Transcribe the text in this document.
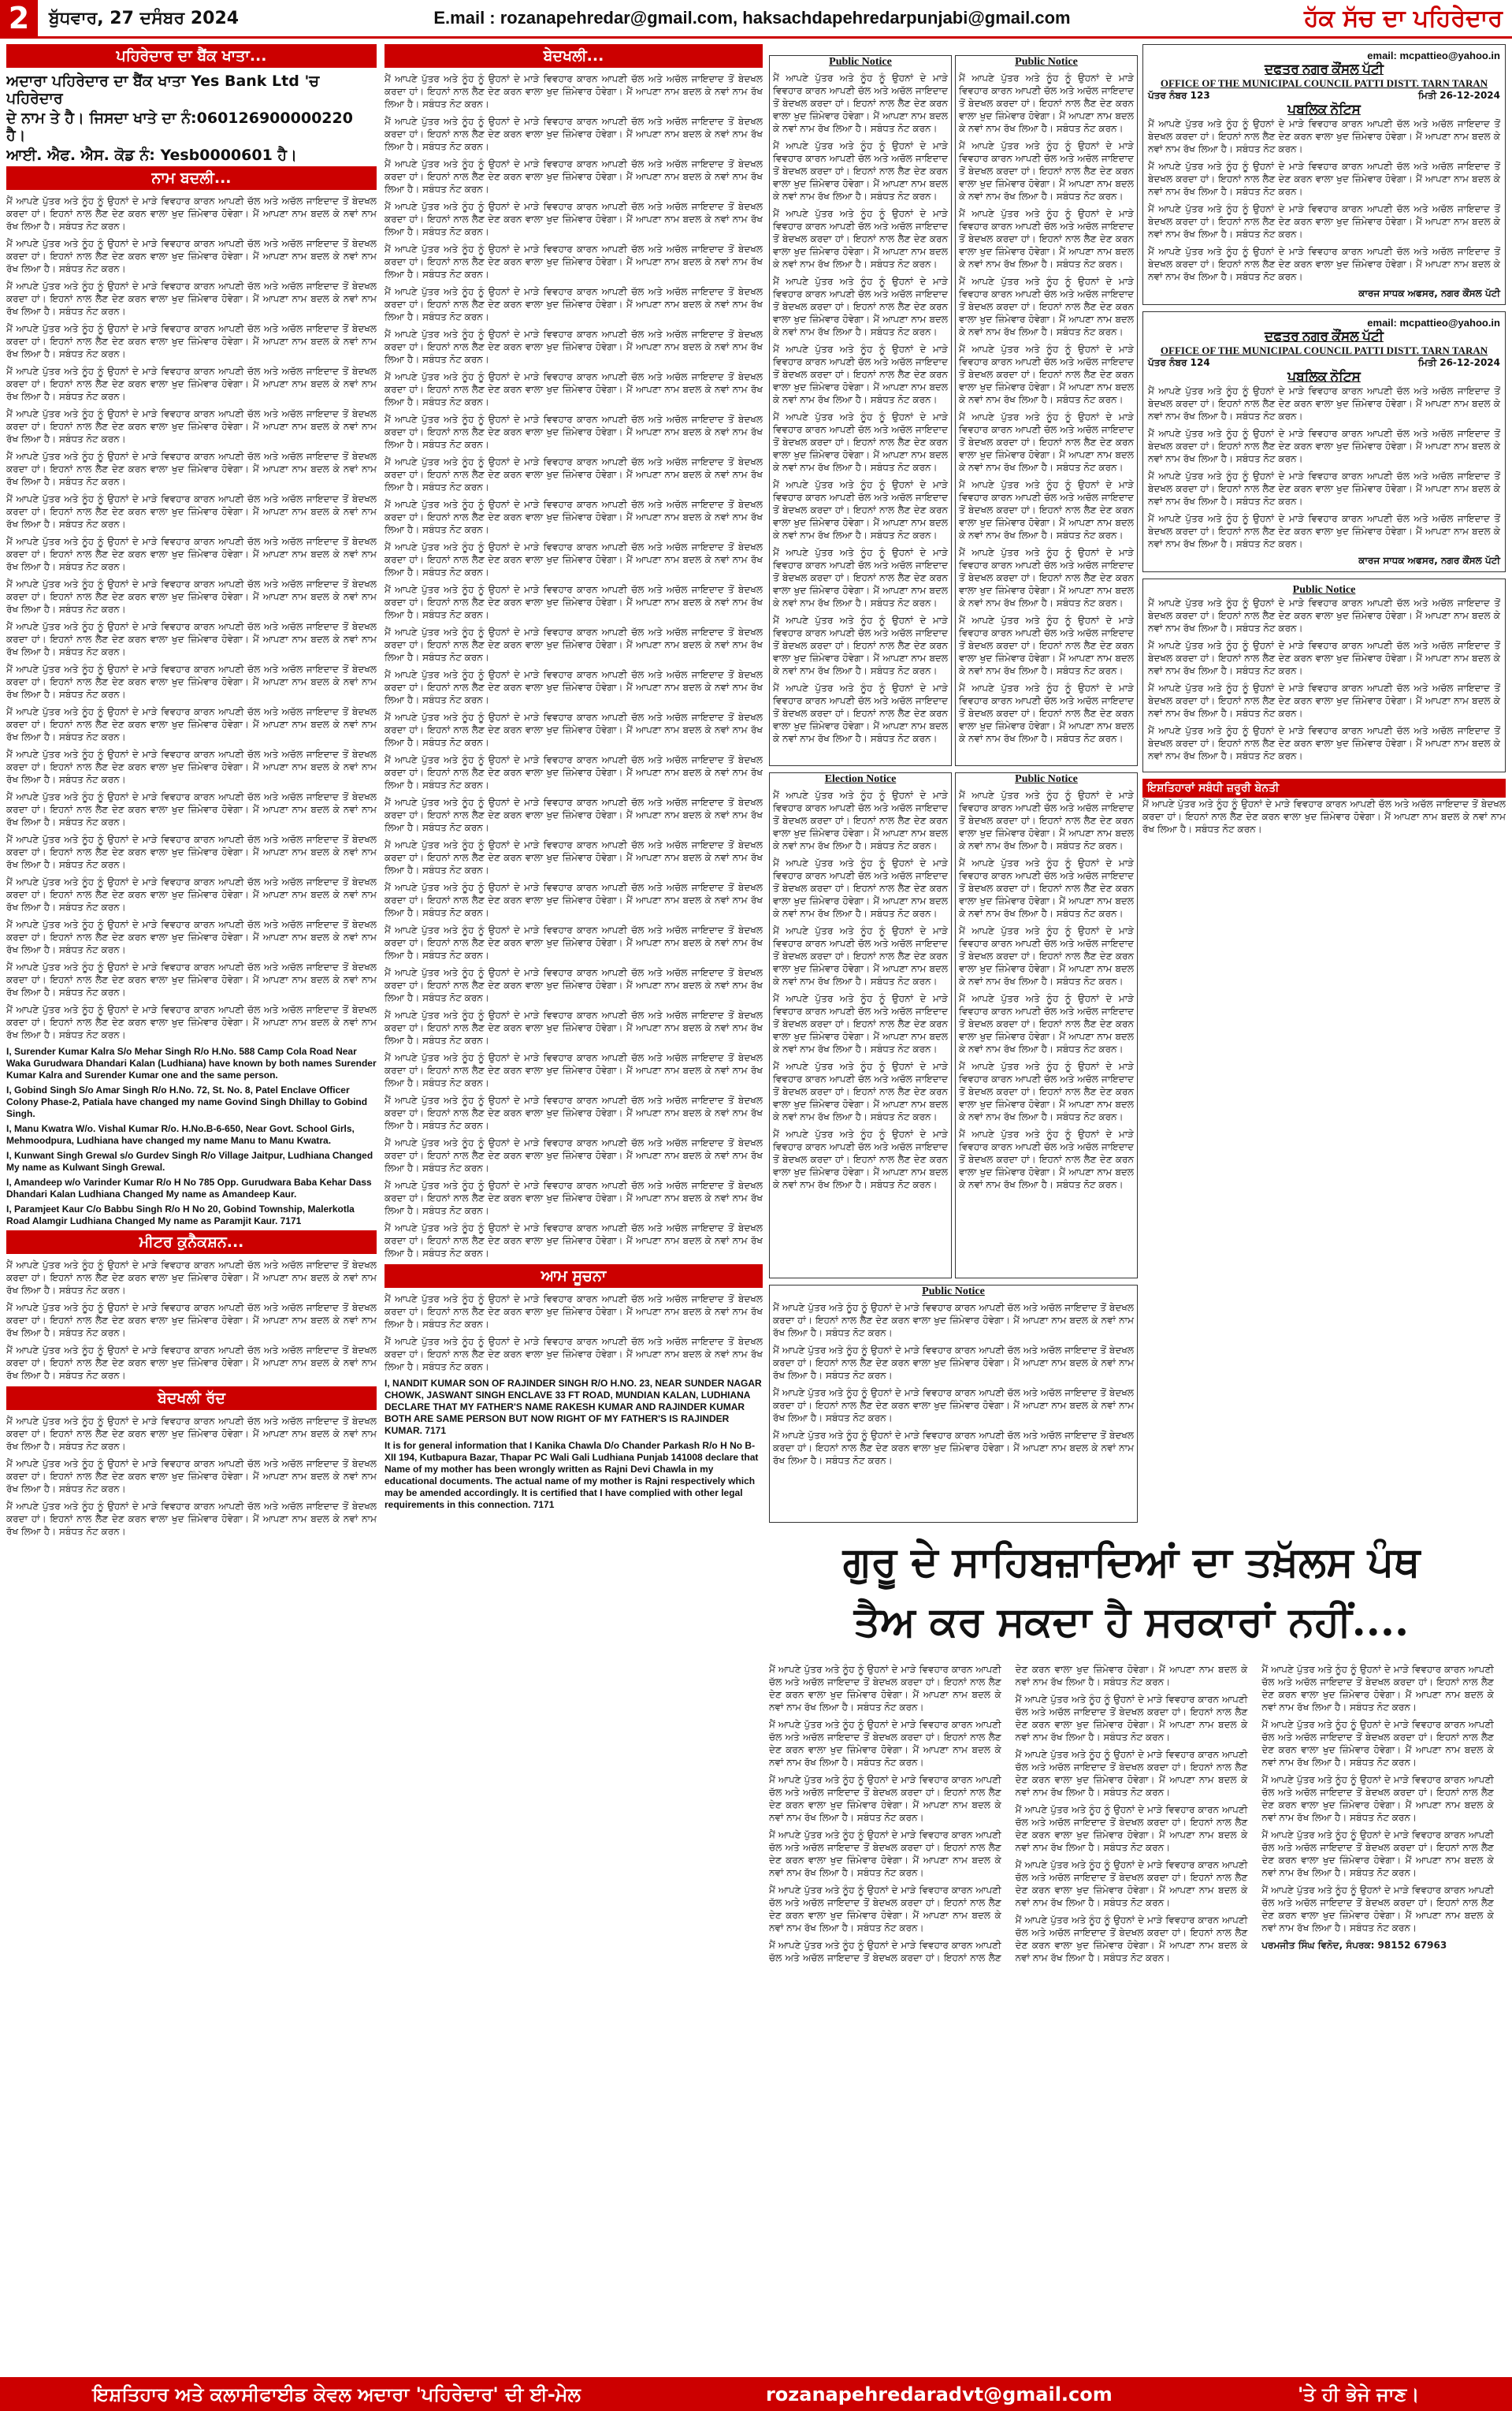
2	ਬੁੱਧਵਾਰ, 27 ਦਸੰਬਰ 2024	E.mail : rozanapehredar@gmail.com, haksachdapehredarpunjabi@gmail.com	ਹੱਕ ਸੱਚ ਦਾ ਪਹਿਰੇਦਾਰ
ਪਹਿਰੇਦਾਰ ਦਾ ਬੈਂਕ ਖਾਤਾ...

ਅਦਾਰਾ ਪਹਿਰੇਦਾਰ ਦਾ ਬੈਂਕ ਖਾਤਾ Yes Bank Ltd 'ਚ ਪਹਿਰੇਦਾਰ

ਦੇ ਨਾਮ ਤੇ ਹੈ। ਜਿਸਦਾ ਖਾਤੇ ਦਾ ਨੰ:060126900000220 ਹੈ।

ਆਈ. ਐਫ. ਐਸ. ਕੋਡ ਨੰ: Yesb0000601 ਹੈ।

ਨਾਮ ਬਦਲੀ...

ਮੈਂ ਆਪਣੇ ਪੁੱਤਰ ਅਤੇ ਨੂੰਹ ਨੂੰ ਉਹਨਾਂ ਦੇ ਮਾੜੇ ਵਿਵਹਾਰ ਕਾਰਨ ਆਪਣੀ ਚੱਲ ਅਤੇ ਅਚੱਲ ਜਾਇਦਾਦ ਤੋਂ ਬੇਦਖਲ ਕਰਦਾ ਹਾਂ। ਇਹਨਾਂ ਨਾਲ ਲੈਣ ਦੇਣ ਕਰਨ ਵਾਲਾ ਖੁਦ ਜ਼ਿੰਮੇਵਾਰ ਹੋਵੇਗਾ। ਮੈਂ ਆਪਣਾ ਨਾਮ ਬਦਲ ਕੇ ਨਵਾਂ ਨਾਮ ਰੱਖ ਲਿਆ ਹੈ। ਸਬੰਧਤ ਨੋਟ ਕਰਨ।

ਮੈਂ ਆਪਣੇ ਪੁੱਤਰ ਅਤੇ ਨੂੰਹ ਨੂੰ ਉਹਨਾਂ ਦੇ ਮਾੜੇ ਵਿਵਹਾਰ ਕਾਰਨ ਆਪਣੀ ਚੱਲ ਅਤੇ ਅਚੱਲ ਜਾਇਦਾਦ ਤੋਂ ਬੇਦਖਲ ਕਰਦਾ ਹਾਂ। ਇਹਨਾਂ ਨਾਲ ਲੈਣ ਦੇਣ ਕਰਨ ਵਾਲਾ ਖੁਦ ਜ਼ਿੰਮੇਵਾਰ ਹੋਵੇਗਾ। ਮੈਂ ਆਪਣਾ ਨਾਮ ਬਦਲ ਕੇ ਨਵਾਂ ਨਾਮ ਰੱਖ ਲਿਆ ਹੈ। ਸਬੰਧਤ ਨੋਟ ਕਰਨ।

ਮੈਂ ਆਪਣੇ ਪੁੱਤਰ ਅਤੇ ਨੂੰਹ ਨੂੰ ਉਹਨਾਂ ਦੇ ਮਾੜੇ ਵਿਵਹਾਰ ਕਾਰਨ ਆਪਣੀ ਚੱਲ ਅਤੇ ਅਚੱਲ ਜਾਇਦਾਦ ਤੋਂ ਬੇਦਖਲ ਕਰਦਾ ਹਾਂ। ਇਹਨਾਂ ਨਾਲ ਲੈਣ ਦੇਣ ਕਰਨ ਵਾਲਾ ਖੁਦ ਜ਼ਿੰਮੇਵਾਰ ਹੋਵੇਗਾ। ਮੈਂ ਆਪਣਾ ਨਾਮ ਬਦਲ ਕੇ ਨਵਾਂ ਨਾਮ ਰੱਖ ਲਿਆ ਹੈ। ਸਬੰਧਤ ਨੋਟ ਕਰਨ।

ਮੈਂ ਆਪਣੇ ਪੁੱਤਰ ਅਤੇ ਨੂੰਹ ਨੂੰ ਉਹਨਾਂ ਦੇ ਮਾੜੇ ਵਿਵਹਾਰ ਕਾਰਨ ਆਪਣੀ ਚੱਲ ਅਤੇ ਅਚੱਲ ਜਾਇਦਾਦ ਤੋਂ ਬੇਦਖਲ ਕਰਦਾ ਹਾਂ। ਇਹਨਾਂ ਨਾਲ ਲੈਣ ਦੇਣ ਕਰਨ ਵਾਲਾ ਖੁਦ ਜ਼ਿੰਮੇਵਾਰ ਹੋਵੇਗਾ। ਮੈਂ ਆਪਣਾ ਨਾਮ ਬਦਲ ਕੇ ਨਵਾਂ ਨਾਮ ਰੱਖ ਲਿਆ ਹੈ। ਸਬੰਧਤ ਨੋਟ ਕਰਨ।

ਮੈਂ ਆਪਣੇ ਪੁੱਤਰ ਅਤੇ ਨੂੰਹ ਨੂੰ ਉਹਨਾਂ ਦੇ ਮਾੜੇ ਵਿਵਹਾਰ ਕਾਰਨ ਆਪਣੀ ਚੱਲ ਅਤੇ ਅਚੱਲ ਜਾਇਦਾਦ ਤੋਂ ਬੇਦਖਲ ਕਰਦਾ ਹਾਂ। ਇਹਨਾਂ ਨਾਲ ਲੈਣ ਦੇਣ ਕਰਨ ਵਾਲਾ ਖੁਦ ਜ਼ਿੰਮੇਵਾਰ ਹੋਵੇਗਾ। ਮੈਂ ਆਪਣਾ ਨਾਮ ਬਦਲ ਕੇ ਨਵਾਂ ਨਾਮ ਰੱਖ ਲਿਆ ਹੈ। ਸਬੰਧਤ ਨੋਟ ਕਰਨ।

ਮੈਂ ਆਪਣੇ ਪੁੱਤਰ ਅਤੇ ਨੂੰਹ ਨੂੰ ਉਹਨਾਂ ਦੇ ਮਾੜੇ ਵਿਵਹਾਰ ਕਾਰਨ ਆਪਣੀ ਚੱਲ ਅਤੇ ਅਚੱਲ ਜਾਇਦਾਦ ਤੋਂ ਬੇਦਖਲ ਕਰਦਾ ਹਾਂ। ਇਹਨਾਂ ਨਾਲ ਲੈਣ ਦੇਣ ਕਰਨ ਵਾਲਾ ਖੁਦ ਜ਼ਿੰਮੇਵਾਰ ਹੋਵੇਗਾ। ਮੈਂ ਆਪਣਾ ਨਾਮ ਬਦਲ ਕੇ ਨਵਾਂ ਨਾਮ ਰੱਖ ਲਿਆ ਹੈ। ਸਬੰਧਤ ਨੋਟ ਕਰਨ।

ਮੈਂ ਆਪਣੇ ਪੁੱਤਰ ਅਤੇ ਨੂੰਹ ਨੂੰ ਉਹਨਾਂ ਦੇ ਮਾੜੇ ਵਿਵਹਾਰ ਕਾਰਨ ਆਪਣੀ ਚੱਲ ਅਤੇ ਅਚੱਲ ਜਾਇਦਾਦ ਤੋਂ ਬੇਦਖਲ ਕਰਦਾ ਹਾਂ। ਇਹਨਾਂ ਨਾਲ ਲੈਣ ਦੇਣ ਕਰਨ ਵਾਲਾ ਖੁਦ ਜ਼ਿੰਮੇਵਾਰ ਹੋਵੇਗਾ। ਮੈਂ ਆਪਣਾ ਨਾਮ ਬਦਲ ਕੇ ਨਵਾਂ ਨਾਮ ਰੱਖ ਲਿਆ ਹੈ। ਸਬੰਧਤ ਨੋਟ ਕਰਨ।

ਮੈਂ ਆਪਣੇ ਪੁੱਤਰ ਅਤੇ ਨੂੰਹ ਨੂੰ ਉਹਨਾਂ ਦੇ ਮਾੜੇ ਵਿਵਹਾਰ ਕਾਰਨ ਆਪਣੀ ਚੱਲ ਅਤੇ ਅਚੱਲ ਜਾਇਦਾਦ ਤੋਂ ਬੇਦਖਲ ਕਰਦਾ ਹਾਂ। ਇਹਨਾਂ ਨਾਲ ਲੈਣ ਦੇਣ ਕਰਨ ਵਾਲਾ ਖੁਦ ਜ਼ਿੰਮੇਵਾਰ ਹੋਵੇਗਾ। ਮੈਂ ਆਪਣਾ ਨਾਮ ਬਦਲ ਕੇ ਨਵਾਂ ਨਾਮ ਰੱਖ ਲਿਆ ਹੈ। ਸਬੰਧਤ ਨੋਟ ਕਰਨ।

ਮੈਂ ਆਪਣੇ ਪੁੱਤਰ ਅਤੇ ਨੂੰਹ ਨੂੰ ਉਹਨਾਂ ਦੇ ਮਾੜੇ ਵਿਵਹਾਰ ਕਾਰਨ ਆਪਣੀ ਚੱਲ ਅਤੇ ਅਚੱਲ ਜਾਇਦਾਦ ਤੋਂ ਬੇਦਖਲ ਕਰਦਾ ਹਾਂ। ਇਹਨਾਂ ਨਾਲ ਲੈਣ ਦੇਣ ਕਰਨ ਵਾਲਾ ਖੁਦ ਜ਼ਿੰਮੇਵਾਰ ਹੋਵੇਗਾ। ਮੈਂ ਆਪਣਾ ਨਾਮ ਬਦਲ ਕੇ ਨਵਾਂ ਨਾਮ ਰੱਖ ਲਿਆ ਹੈ। ਸਬੰਧਤ ਨੋਟ ਕਰਨ।

ਮੈਂ ਆਪਣੇ ਪੁੱਤਰ ਅਤੇ ਨੂੰਹ ਨੂੰ ਉਹਨਾਂ ਦੇ ਮਾੜੇ ਵਿਵਹਾਰ ਕਾਰਨ ਆਪਣੀ ਚੱਲ ਅਤੇ ਅਚੱਲ ਜਾਇਦਾਦ ਤੋਂ ਬੇਦਖਲ ਕਰਦਾ ਹਾਂ। ਇਹਨਾਂ ਨਾਲ ਲੈਣ ਦੇਣ ਕਰਨ ਵਾਲਾ ਖੁਦ ਜ਼ਿੰਮੇਵਾਰ ਹੋਵੇਗਾ। ਮੈਂ ਆਪਣਾ ਨਾਮ ਬਦਲ ਕੇ ਨਵਾਂ ਨਾਮ ਰੱਖ ਲਿਆ ਹੈ। ਸਬੰਧਤ ਨੋਟ ਕਰਨ।

ਮੈਂ ਆਪਣੇ ਪੁੱਤਰ ਅਤੇ ਨੂੰਹ ਨੂੰ ਉਹਨਾਂ ਦੇ ਮਾੜੇ ਵਿਵਹਾਰ ਕਾਰਨ ਆਪਣੀ ਚੱਲ ਅਤੇ ਅਚੱਲ ਜਾਇਦਾਦ ਤੋਂ ਬੇਦਖਲ ਕਰਦਾ ਹਾਂ। ਇਹਨਾਂ ਨਾਲ ਲੈਣ ਦੇਣ ਕਰਨ ਵਾਲਾ ਖੁਦ ਜ਼ਿੰਮੇਵਾਰ ਹੋਵੇਗਾ। ਮੈਂ ਆਪਣਾ ਨਾਮ ਬਦਲ ਕੇ ਨਵਾਂ ਨਾਮ ਰੱਖ ਲਿਆ ਹੈ। ਸਬੰਧਤ ਨੋਟ ਕਰਨ।

ਮੈਂ ਆਪਣੇ ਪੁੱਤਰ ਅਤੇ ਨੂੰਹ ਨੂੰ ਉਹਨਾਂ ਦੇ ਮਾੜੇ ਵਿਵਹਾਰ ਕਾਰਨ ਆਪਣੀ ਚੱਲ ਅਤੇ ਅਚੱਲ ਜਾਇਦਾਦ ਤੋਂ ਬੇਦਖਲ ਕਰਦਾ ਹਾਂ। ਇਹਨਾਂ ਨਾਲ ਲੈਣ ਦੇਣ ਕਰਨ ਵਾਲਾ ਖੁਦ ਜ਼ਿੰਮੇਵਾਰ ਹੋਵੇਗਾ। ਮੈਂ ਆਪਣਾ ਨਾਮ ਬਦਲ ਕੇ ਨਵਾਂ ਨਾਮ ਰੱਖ ਲਿਆ ਹੈ। ਸਬੰਧਤ ਨੋਟ ਕਰਨ।

ਮੈਂ ਆਪਣੇ ਪੁੱਤਰ ਅਤੇ ਨੂੰਹ ਨੂੰ ਉਹਨਾਂ ਦੇ ਮਾੜੇ ਵਿਵਹਾਰ ਕਾਰਨ ਆਪਣੀ ਚੱਲ ਅਤੇ ਅਚੱਲ ਜਾਇਦਾਦ ਤੋਂ ਬੇਦਖਲ ਕਰਦਾ ਹਾਂ। ਇਹਨਾਂ ਨਾਲ ਲੈਣ ਦੇਣ ਕਰਨ ਵਾਲਾ ਖੁਦ ਜ਼ਿੰਮੇਵਾਰ ਹੋਵੇਗਾ। ਮੈਂ ਆਪਣਾ ਨਾਮ ਬਦਲ ਕੇ ਨਵਾਂ ਨਾਮ ਰੱਖ ਲਿਆ ਹੈ। ਸਬੰਧਤ ਨੋਟ ਕਰਨ।

ਮੈਂ ਆਪਣੇ ਪੁੱਤਰ ਅਤੇ ਨੂੰਹ ਨੂੰ ਉਹਨਾਂ ਦੇ ਮਾੜੇ ਵਿਵਹਾਰ ਕਾਰਨ ਆਪਣੀ ਚੱਲ ਅਤੇ ਅਚੱਲ ਜਾਇਦਾਦ ਤੋਂ ਬੇਦਖਲ ਕਰਦਾ ਹਾਂ। ਇਹਨਾਂ ਨਾਲ ਲੈਣ ਦੇਣ ਕਰਨ ਵਾਲਾ ਖੁਦ ਜ਼ਿੰਮੇਵਾਰ ਹੋਵੇਗਾ। ਮੈਂ ਆਪਣਾ ਨਾਮ ਬਦਲ ਕੇ ਨਵਾਂ ਨਾਮ ਰੱਖ ਲਿਆ ਹੈ। ਸਬੰਧਤ ਨੋਟ ਕਰਨ।

ਮੈਂ ਆਪਣੇ ਪੁੱਤਰ ਅਤੇ ਨੂੰਹ ਨੂੰ ਉਹਨਾਂ ਦੇ ਮਾੜੇ ਵਿਵਹਾਰ ਕਾਰਨ ਆਪਣੀ ਚੱਲ ਅਤੇ ਅਚੱਲ ਜਾਇਦਾਦ ਤੋਂ ਬੇਦਖਲ ਕਰਦਾ ਹਾਂ। ਇਹਨਾਂ ਨਾਲ ਲੈਣ ਦੇਣ ਕਰਨ ਵਾਲਾ ਖੁਦ ਜ਼ਿੰਮੇਵਾਰ ਹੋਵੇਗਾ। ਮੈਂ ਆਪਣਾ ਨਾਮ ਬਦਲ ਕੇ ਨਵਾਂ ਨਾਮ ਰੱਖ ਲਿਆ ਹੈ। ਸਬੰਧਤ ਨੋਟ ਕਰਨ।

ਮੈਂ ਆਪਣੇ ਪੁੱਤਰ ਅਤੇ ਨੂੰਹ ਨੂੰ ਉਹਨਾਂ ਦੇ ਮਾੜੇ ਵਿਵਹਾਰ ਕਾਰਨ ਆਪਣੀ ਚੱਲ ਅਤੇ ਅਚੱਲ ਜਾਇਦਾਦ ਤੋਂ ਬੇਦਖਲ ਕਰਦਾ ਹਾਂ। ਇਹਨਾਂ ਨਾਲ ਲੈਣ ਦੇਣ ਕਰਨ ਵਾਲਾ ਖੁਦ ਜ਼ਿੰਮੇਵਾਰ ਹੋਵੇਗਾ। ਮੈਂ ਆਪਣਾ ਨਾਮ ਬਦਲ ਕੇ ਨਵਾਂ ਨਾਮ ਰੱਖ ਲਿਆ ਹੈ। ਸਬੰਧਤ ਨੋਟ ਕਰਨ।

ਮੈਂ ਆਪਣੇ ਪੁੱਤਰ ਅਤੇ ਨੂੰਹ ਨੂੰ ਉਹਨਾਂ ਦੇ ਮਾੜੇ ਵਿਵਹਾਰ ਕਾਰਨ ਆਪਣੀ ਚੱਲ ਅਤੇ ਅਚੱਲ ਜਾਇਦਾਦ ਤੋਂ ਬੇਦਖਲ ਕਰਦਾ ਹਾਂ। ਇਹਨਾਂ ਨਾਲ ਲੈਣ ਦੇਣ ਕਰਨ ਵਾਲਾ ਖੁਦ ਜ਼ਿੰਮੇਵਾਰ ਹੋਵੇਗਾ। ਮੈਂ ਆਪਣਾ ਨਾਮ ਬਦਲ ਕੇ ਨਵਾਂ ਨਾਮ ਰੱਖ ਲਿਆ ਹੈ। ਸਬੰਧਤ ਨੋਟ ਕਰਨ।

ਮੈਂ ਆਪਣੇ ਪੁੱਤਰ ਅਤੇ ਨੂੰਹ ਨੂੰ ਉਹਨਾਂ ਦੇ ਮਾੜੇ ਵਿਵਹਾਰ ਕਾਰਨ ਆਪਣੀ ਚੱਲ ਅਤੇ ਅਚੱਲ ਜਾਇਦਾਦ ਤੋਂ ਬੇਦਖਲ ਕਰਦਾ ਹਾਂ। ਇਹਨਾਂ ਨਾਲ ਲੈਣ ਦੇਣ ਕਰਨ ਵਾਲਾ ਖੁਦ ਜ਼ਿੰਮੇਵਾਰ ਹੋਵੇਗਾ। ਮੈਂ ਆਪਣਾ ਨਾਮ ਬਦਲ ਕੇ ਨਵਾਂ ਨਾਮ ਰੱਖ ਲਿਆ ਹੈ। ਸਬੰਧਤ ਨੋਟ ਕਰਨ।

ਮੈਂ ਆਪਣੇ ਪੁੱਤਰ ਅਤੇ ਨੂੰਹ ਨੂੰ ਉਹਨਾਂ ਦੇ ਮਾੜੇ ਵਿਵਹਾਰ ਕਾਰਨ ਆਪਣੀ ਚੱਲ ਅਤੇ ਅਚੱਲ ਜਾਇਦਾਦ ਤੋਂ ਬੇਦਖਲ ਕਰਦਾ ਹਾਂ। ਇਹਨਾਂ ਨਾਲ ਲੈਣ ਦੇਣ ਕਰਨ ਵਾਲਾ ਖੁਦ ਜ਼ਿੰਮੇਵਾਰ ਹੋਵੇਗਾ। ਮੈਂ ਆਪਣਾ ਨਾਮ ਬਦਲ ਕੇ ਨਵਾਂ ਨਾਮ ਰੱਖ ਲਿਆ ਹੈ। ਸਬੰਧਤ ਨੋਟ ਕਰਨ।

ਮੈਂ ਆਪਣੇ ਪੁੱਤਰ ਅਤੇ ਨੂੰਹ ਨੂੰ ਉਹਨਾਂ ਦੇ ਮਾੜੇ ਵਿਵਹਾਰ ਕਾਰਨ ਆਪਣੀ ਚੱਲ ਅਤੇ ਅਚੱਲ ਜਾਇਦਾਦ ਤੋਂ ਬੇਦਖਲ ਕਰਦਾ ਹਾਂ। ਇਹਨਾਂ ਨਾਲ ਲੈਣ ਦੇਣ ਕਰਨ ਵਾਲਾ ਖੁਦ ਜ਼ਿੰਮੇਵਾਰ ਹੋਵੇਗਾ। ਮੈਂ ਆਪਣਾ ਨਾਮ ਬਦਲ ਕੇ ਨਵਾਂ ਨਾਮ ਰੱਖ ਲਿਆ ਹੈ। ਸਬੰਧਤ ਨੋਟ ਕਰਨ।

I, Surender Kumar Kalra S/o Mehar Singh R/o H.No. 588 Camp Cola Road Near Waka Gurudwara Dhandari Kalan (Ludhiana) have known by both names Surender Kumar Kalra and Surender Kumar one and the same person.
I, Gobind Singh S/o Amar Singh R/o H.No. 72, St. No. 8, Patel Enclave Officer Colony Phase-2, Patiala have changed my name Govind Singh Dhillay to Gobind Singh.
I, Manu Kwatra W/o. Vishal Kumar R/o. H.No.B-6-650, Near Govt. School Girls, Mehmoodpura, Ludhiana have changed my name Manu to Manu Kwatra.
I, Kunwant Singh Grewal s/o Gurdev Singh R/o Village Jaitpur, Ludhiana Changed My name as Kulwant Singh Grewal.
I, Amandeep w/o Varinder Kumar R/o H No 785 Opp. Gurudwara Baba Kehar Dass Dhandari Kalan Ludhiana Changed My name as Amandeep Kaur.
I, Paramjeet Kaur C/o Babbu Singh R/o H No 20, Gobind Township, Malerkotla Road Alamgir Ludhiana Changed My name as Paramjit Kaur. 7171
ਮੀਟਰ ਕੁਨੈਕਸ਼ਨ...

ਮੈਂ ਆਪਣੇ ਪੁੱਤਰ ਅਤੇ ਨੂੰਹ ਨੂੰ ਉਹਨਾਂ ਦੇ ਮਾੜੇ ਵਿਵਹਾਰ ਕਾਰਨ ਆਪਣੀ ਚੱਲ ਅਤੇ ਅਚੱਲ ਜਾਇਦਾਦ ਤੋਂ ਬੇਦਖਲ ਕਰਦਾ ਹਾਂ। ਇਹਨਾਂ ਨਾਲ ਲੈਣ ਦੇਣ ਕਰਨ ਵਾਲਾ ਖੁਦ ਜ਼ਿੰਮੇਵਾਰ ਹੋਵੇਗਾ। ਮੈਂ ਆਪਣਾ ਨਾਮ ਬਦਲ ਕੇ ਨਵਾਂ ਨਾਮ ਰੱਖ ਲਿਆ ਹੈ। ਸਬੰਧਤ ਨੋਟ ਕਰਨ।

ਮੈਂ ਆਪਣੇ ਪੁੱਤਰ ਅਤੇ ਨੂੰਹ ਨੂੰ ਉਹਨਾਂ ਦੇ ਮਾੜੇ ਵਿਵਹਾਰ ਕਾਰਨ ਆਪਣੀ ਚੱਲ ਅਤੇ ਅਚੱਲ ਜਾਇਦਾਦ ਤੋਂ ਬੇਦਖਲ ਕਰਦਾ ਹਾਂ। ਇਹਨਾਂ ਨਾਲ ਲੈਣ ਦੇਣ ਕਰਨ ਵਾਲਾ ਖੁਦ ਜ਼ਿੰਮੇਵਾਰ ਹੋਵੇਗਾ। ਮੈਂ ਆਪਣਾ ਨਾਮ ਬਦਲ ਕੇ ਨਵਾਂ ਨਾਮ ਰੱਖ ਲਿਆ ਹੈ। ਸਬੰਧਤ ਨੋਟ ਕਰਨ।

ਮੈਂ ਆਪਣੇ ਪੁੱਤਰ ਅਤੇ ਨੂੰਹ ਨੂੰ ਉਹਨਾਂ ਦੇ ਮਾੜੇ ਵਿਵਹਾਰ ਕਾਰਨ ਆਪਣੀ ਚੱਲ ਅਤੇ ਅਚੱਲ ਜਾਇਦਾਦ ਤੋਂ ਬੇਦਖਲ ਕਰਦਾ ਹਾਂ। ਇਹਨਾਂ ਨਾਲ ਲੈਣ ਦੇਣ ਕਰਨ ਵਾਲਾ ਖੁਦ ਜ਼ਿੰਮੇਵਾਰ ਹੋਵੇਗਾ। ਮੈਂ ਆਪਣਾ ਨਾਮ ਬਦਲ ਕੇ ਨਵਾਂ ਨਾਮ ਰੱਖ ਲਿਆ ਹੈ। ਸਬੰਧਤ ਨੋਟ ਕਰਨ।

ਬੇਦਖਲੀ ਰੱਦ

ਮੈਂ ਆਪਣੇ ਪੁੱਤਰ ਅਤੇ ਨੂੰਹ ਨੂੰ ਉਹਨਾਂ ਦੇ ਮਾੜੇ ਵਿਵਹਾਰ ਕਾਰਨ ਆਪਣੀ ਚੱਲ ਅਤੇ ਅਚੱਲ ਜਾਇਦਾਦ ਤੋਂ ਬੇਦਖਲ ਕਰਦਾ ਹਾਂ। ਇਹਨਾਂ ਨਾਲ ਲੈਣ ਦੇਣ ਕਰਨ ਵਾਲਾ ਖੁਦ ਜ਼ਿੰਮੇਵਾਰ ਹੋਵੇਗਾ। ਮੈਂ ਆਪਣਾ ਨਾਮ ਬਦਲ ਕੇ ਨਵਾਂ ਨਾਮ ਰੱਖ ਲਿਆ ਹੈ। ਸਬੰਧਤ ਨੋਟ ਕਰਨ।

ਮੈਂ ਆਪਣੇ ਪੁੱਤਰ ਅਤੇ ਨੂੰਹ ਨੂੰ ਉਹਨਾਂ ਦੇ ਮਾੜੇ ਵਿਵਹਾਰ ਕਾਰਨ ਆਪਣੀ ਚੱਲ ਅਤੇ ਅਚੱਲ ਜਾਇਦਾਦ ਤੋਂ ਬੇਦਖਲ ਕਰਦਾ ਹਾਂ। ਇਹਨਾਂ ਨਾਲ ਲੈਣ ਦੇਣ ਕਰਨ ਵਾਲਾ ਖੁਦ ਜ਼ਿੰਮੇਵਾਰ ਹੋਵੇਗਾ। ਮੈਂ ਆਪਣਾ ਨਾਮ ਬਦਲ ਕੇ ਨਵਾਂ ਨਾਮ ਰੱਖ ਲਿਆ ਹੈ। ਸਬੰਧਤ ਨੋਟ ਕਰਨ।

ਮੈਂ ਆਪਣੇ ਪੁੱਤਰ ਅਤੇ ਨੂੰਹ ਨੂੰ ਉਹਨਾਂ ਦੇ ਮਾੜੇ ਵਿਵਹਾਰ ਕਾਰਨ ਆਪਣੀ ਚੱਲ ਅਤੇ ਅਚੱਲ ਜਾਇਦਾਦ ਤੋਂ ਬੇਦਖਲ ਕਰਦਾ ਹਾਂ। ਇਹਨਾਂ ਨਾਲ ਲੈਣ ਦੇਣ ਕਰਨ ਵਾਲਾ ਖੁਦ ਜ਼ਿੰਮੇਵਾਰ ਹੋਵੇਗਾ। ਮੈਂ ਆਪਣਾ ਨਾਮ ਬਦਲ ਕੇ ਨਵਾਂ ਨਾਮ ਰੱਖ ਲਿਆ ਹੈ। ਸਬੰਧਤ ਨੋਟ ਕਰਨ।

ਬੇਦਖਲੀ...

ਮੈਂ ਆਪਣੇ ਪੁੱਤਰ ਅਤੇ ਨੂੰਹ ਨੂੰ ਉਹਨਾਂ ਦੇ ਮਾੜੇ ਵਿਵਹਾਰ ਕਾਰਨ ਆਪਣੀ ਚੱਲ ਅਤੇ ਅਚੱਲ ਜਾਇਦਾਦ ਤੋਂ ਬੇਦਖਲ ਕਰਦਾ ਹਾਂ। ਇਹਨਾਂ ਨਾਲ ਲੈਣ ਦੇਣ ਕਰਨ ਵਾਲਾ ਖੁਦ ਜ਼ਿੰਮੇਵਾਰ ਹੋਵੇਗਾ। ਮੈਂ ਆਪਣਾ ਨਾਮ ਬਦਲ ਕੇ ਨਵਾਂ ਨਾਮ ਰੱਖ ਲਿਆ ਹੈ। ਸਬੰਧਤ ਨੋਟ ਕਰਨ।

ਮੈਂ ਆਪਣੇ ਪੁੱਤਰ ਅਤੇ ਨੂੰਹ ਨੂੰ ਉਹਨਾਂ ਦੇ ਮਾੜੇ ਵਿਵਹਾਰ ਕਾਰਨ ਆਪਣੀ ਚੱਲ ਅਤੇ ਅਚੱਲ ਜਾਇਦਾਦ ਤੋਂ ਬੇਦਖਲ ਕਰਦਾ ਹਾਂ। ਇਹਨਾਂ ਨਾਲ ਲੈਣ ਦੇਣ ਕਰਨ ਵਾਲਾ ਖੁਦ ਜ਼ਿੰਮੇਵਾਰ ਹੋਵੇਗਾ। ਮੈਂ ਆਪਣਾ ਨਾਮ ਬਦਲ ਕੇ ਨਵਾਂ ਨਾਮ ਰੱਖ ਲਿਆ ਹੈ। ਸਬੰਧਤ ਨੋਟ ਕਰਨ।

ਮੈਂ ਆਪਣੇ ਪੁੱਤਰ ਅਤੇ ਨੂੰਹ ਨੂੰ ਉਹਨਾਂ ਦੇ ਮਾੜੇ ਵਿਵਹਾਰ ਕਾਰਨ ਆਪਣੀ ਚੱਲ ਅਤੇ ਅਚੱਲ ਜਾਇਦਾਦ ਤੋਂ ਬੇਦਖਲ ਕਰਦਾ ਹਾਂ। ਇਹਨਾਂ ਨਾਲ ਲੈਣ ਦੇਣ ਕਰਨ ਵਾਲਾ ਖੁਦ ਜ਼ਿੰਮੇਵਾਰ ਹੋਵੇਗਾ। ਮੈਂ ਆਪਣਾ ਨਾਮ ਬਦਲ ਕੇ ਨਵਾਂ ਨਾਮ ਰੱਖ ਲਿਆ ਹੈ। ਸਬੰਧਤ ਨੋਟ ਕਰਨ।

ਮੈਂ ਆਪਣੇ ਪੁੱਤਰ ਅਤੇ ਨੂੰਹ ਨੂੰ ਉਹਨਾਂ ਦੇ ਮਾੜੇ ਵਿਵਹਾਰ ਕਾਰਨ ਆਪਣੀ ਚੱਲ ਅਤੇ ਅਚੱਲ ਜਾਇਦਾਦ ਤੋਂ ਬੇਦਖਲ ਕਰਦਾ ਹਾਂ। ਇਹਨਾਂ ਨਾਲ ਲੈਣ ਦੇਣ ਕਰਨ ਵਾਲਾ ਖੁਦ ਜ਼ਿੰਮੇਵਾਰ ਹੋਵੇਗਾ। ਮੈਂ ਆਪਣਾ ਨਾਮ ਬਦਲ ਕੇ ਨਵਾਂ ਨਾਮ ਰੱਖ ਲਿਆ ਹੈ। ਸਬੰਧਤ ਨੋਟ ਕਰਨ।

ਮੈਂ ਆਪਣੇ ਪੁੱਤਰ ਅਤੇ ਨੂੰਹ ਨੂੰ ਉਹਨਾਂ ਦੇ ਮਾੜੇ ਵਿਵਹਾਰ ਕਾਰਨ ਆਪਣੀ ਚੱਲ ਅਤੇ ਅਚੱਲ ਜਾਇਦਾਦ ਤੋਂ ਬੇਦਖਲ ਕਰਦਾ ਹਾਂ। ਇਹਨਾਂ ਨਾਲ ਲੈਣ ਦੇਣ ਕਰਨ ਵਾਲਾ ਖੁਦ ਜ਼ਿੰਮੇਵਾਰ ਹੋਵੇਗਾ। ਮੈਂ ਆਪਣਾ ਨਾਮ ਬਦਲ ਕੇ ਨਵਾਂ ਨਾਮ ਰੱਖ ਲਿਆ ਹੈ। ਸਬੰਧਤ ਨੋਟ ਕਰਨ।

ਮੈਂ ਆਪਣੇ ਪੁੱਤਰ ਅਤੇ ਨੂੰਹ ਨੂੰ ਉਹਨਾਂ ਦੇ ਮਾੜੇ ਵਿਵਹਾਰ ਕਾਰਨ ਆਪਣੀ ਚੱਲ ਅਤੇ ਅਚੱਲ ਜਾਇਦਾਦ ਤੋਂ ਬੇਦਖਲ ਕਰਦਾ ਹਾਂ। ਇਹਨਾਂ ਨਾਲ ਲੈਣ ਦੇਣ ਕਰਨ ਵਾਲਾ ਖੁਦ ਜ਼ਿੰਮੇਵਾਰ ਹੋਵੇਗਾ। ਮੈਂ ਆਪਣਾ ਨਾਮ ਬਦਲ ਕੇ ਨਵਾਂ ਨਾਮ ਰੱਖ ਲਿਆ ਹੈ। ਸਬੰਧਤ ਨੋਟ ਕਰਨ।

ਮੈਂ ਆਪਣੇ ਪੁੱਤਰ ਅਤੇ ਨੂੰਹ ਨੂੰ ਉਹਨਾਂ ਦੇ ਮਾੜੇ ਵਿਵਹਾਰ ਕਾਰਨ ਆਪਣੀ ਚੱਲ ਅਤੇ ਅਚੱਲ ਜਾਇਦਾਦ ਤੋਂ ਬੇਦਖਲ ਕਰਦਾ ਹਾਂ। ਇਹਨਾਂ ਨਾਲ ਲੈਣ ਦੇਣ ਕਰਨ ਵਾਲਾ ਖੁਦ ਜ਼ਿੰਮੇਵਾਰ ਹੋਵੇਗਾ। ਮੈਂ ਆਪਣਾ ਨਾਮ ਬਦਲ ਕੇ ਨਵਾਂ ਨਾਮ ਰੱਖ ਲਿਆ ਹੈ। ਸਬੰਧਤ ਨੋਟ ਕਰਨ।

ਮੈਂ ਆਪਣੇ ਪੁੱਤਰ ਅਤੇ ਨੂੰਹ ਨੂੰ ਉਹਨਾਂ ਦੇ ਮਾੜੇ ਵਿਵਹਾਰ ਕਾਰਨ ਆਪਣੀ ਚੱਲ ਅਤੇ ਅਚੱਲ ਜਾਇਦਾਦ ਤੋਂ ਬੇਦਖਲ ਕਰਦਾ ਹਾਂ। ਇਹਨਾਂ ਨਾਲ ਲੈਣ ਦੇਣ ਕਰਨ ਵਾਲਾ ਖੁਦ ਜ਼ਿੰਮੇਵਾਰ ਹੋਵੇਗਾ। ਮੈਂ ਆਪਣਾ ਨਾਮ ਬਦਲ ਕੇ ਨਵਾਂ ਨਾਮ ਰੱਖ ਲਿਆ ਹੈ। ਸਬੰਧਤ ਨੋਟ ਕਰਨ।

ਮੈਂ ਆਪਣੇ ਪੁੱਤਰ ਅਤੇ ਨੂੰਹ ਨੂੰ ਉਹਨਾਂ ਦੇ ਮਾੜੇ ਵਿਵਹਾਰ ਕਾਰਨ ਆਪਣੀ ਚੱਲ ਅਤੇ ਅਚੱਲ ਜਾਇਦਾਦ ਤੋਂ ਬੇਦਖਲ ਕਰਦਾ ਹਾਂ। ਇਹਨਾਂ ਨਾਲ ਲੈਣ ਦੇਣ ਕਰਨ ਵਾਲਾ ਖੁਦ ਜ਼ਿੰਮੇਵਾਰ ਹੋਵੇਗਾ। ਮੈਂ ਆਪਣਾ ਨਾਮ ਬਦਲ ਕੇ ਨਵਾਂ ਨਾਮ ਰੱਖ ਲਿਆ ਹੈ। ਸਬੰਧਤ ਨੋਟ ਕਰਨ।

ਮੈਂ ਆਪਣੇ ਪੁੱਤਰ ਅਤੇ ਨੂੰਹ ਨੂੰ ਉਹਨਾਂ ਦੇ ਮਾੜੇ ਵਿਵਹਾਰ ਕਾਰਨ ਆਪਣੀ ਚੱਲ ਅਤੇ ਅਚੱਲ ਜਾਇਦਾਦ ਤੋਂ ਬੇਦਖਲ ਕਰਦਾ ਹਾਂ। ਇਹਨਾਂ ਨਾਲ ਲੈਣ ਦੇਣ ਕਰਨ ਵਾਲਾ ਖੁਦ ਜ਼ਿੰਮੇਵਾਰ ਹੋਵੇਗਾ। ਮੈਂ ਆਪਣਾ ਨਾਮ ਬਦਲ ਕੇ ਨਵਾਂ ਨਾਮ ਰੱਖ ਲਿਆ ਹੈ। ਸਬੰਧਤ ਨੋਟ ਕਰਨ।

ਮੈਂ ਆਪਣੇ ਪੁੱਤਰ ਅਤੇ ਨੂੰਹ ਨੂੰ ਉਹਨਾਂ ਦੇ ਮਾੜੇ ਵਿਵਹਾਰ ਕਾਰਨ ਆਪਣੀ ਚੱਲ ਅਤੇ ਅਚੱਲ ਜਾਇਦਾਦ ਤੋਂ ਬੇਦਖਲ ਕਰਦਾ ਹਾਂ। ਇਹਨਾਂ ਨਾਲ ਲੈਣ ਦੇਣ ਕਰਨ ਵਾਲਾ ਖੁਦ ਜ਼ਿੰਮੇਵਾਰ ਹੋਵੇਗਾ। ਮੈਂ ਆਪਣਾ ਨਾਮ ਬਦਲ ਕੇ ਨਵਾਂ ਨਾਮ ਰੱਖ ਲਿਆ ਹੈ। ਸਬੰਧਤ ਨੋਟ ਕਰਨ।

ਮੈਂ ਆਪਣੇ ਪੁੱਤਰ ਅਤੇ ਨੂੰਹ ਨੂੰ ਉਹਨਾਂ ਦੇ ਮਾੜੇ ਵਿਵਹਾਰ ਕਾਰਨ ਆਪਣੀ ਚੱਲ ਅਤੇ ਅਚੱਲ ਜਾਇਦਾਦ ਤੋਂ ਬੇਦਖਲ ਕਰਦਾ ਹਾਂ। ਇਹਨਾਂ ਨਾਲ ਲੈਣ ਦੇਣ ਕਰਨ ਵਾਲਾ ਖੁਦ ਜ਼ਿੰਮੇਵਾਰ ਹੋਵੇਗਾ। ਮੈਂ ਆਪਣਾ ਨਾਮ ਬਦਲ ਕੇ ਨਵਾਂ ਨਾਮ ਰੱਖ ਲਿਆ ਹੈ। ਸਬੰਧਤ ਨੋਟ ਕਰਨ।

ਮੈਂ ਆਪਣੇ ਪੁੱਤਰ ਅਤੇ ਨੂੰਹ ਨੂੰ ਉਹਨਾਂ ਦੇ ਮਾੜੇ ਵਿਵਹਾਰ ਕਾਰਨ ਆਪਣੀ ਚੱਲ ਅਤੇ ਅਚੱਲ ਜਾਇਦਾਦ ਤੋਂ ਬੇਦਖਲ ਕਰਦਾ ਹਾਂ। ਇਹਨਾਂ ਨਾਲ ਲੈਣ ਦੇਣ ਕਰਨ ਵਾਲਾ ਖੁਦ ਜ਼ਿੰਮੇਵਾਰ ਹੋਵੇਗਾ। ਮੈਂ ਆਪਣਾ ਨਾਮ ਬਦਲ ਕੇ ਨਵਾਂ ਨਾਮ ਰੱਖ ਲਿਆ ਹੈ। ਸਬੰਧਤ ਨੋਟ ਕਰਨ।

ਮੈਂ ਆਪਣੇ ਪੁੱਤਰ ਅਤੇ ਨੂੰਹ ਨੂੰ ਉਹਨਾਂ ਦੇ ਮਾੜੇ ਵਿਵਹਾਰ ਕਾਰਨ ਆਪਣੀ ਚੱਲ ਅਤੇ ਅਚੱਲ ਜਾਇਦਾਦ ਤੋਂ ਬੇਦਖਲ ਕਰਦਾ ਹਾਂ। ਇਹਨਾਂ ਨਾਲ ਲੈਣ ਦੇਣ ਕਰਨ ਵਾਲਾ ਖੁਦ ਜ਼ਿੰਮੇਵਾਰ ਹੋਵੇਗਾ। ਮੈਂ ਆਪਣਾ ਨਾਮ ਬਦਲ ਕੇ ਨਵਾਂ ਨਾਮ ਰੱਖ ਲਿਆ ਹੈ। ਸਬੰਧਤ ਨੋਟ ਕਰਨ।

ਮੈਂ ਆਪਣੇ ਪੁੱਤਰ ਅਤੇ ਨੂੰਹ ਨੂੰ ਉਹਨਾਂ ਦੇ ਮਾੜੇ ਵਿਵਹਾਰ ਕਾਰਨ ਆਪਣੀ ਚੱਲ ਅਤੇ ਅਚੱਲ ਜਾਇਦਾਦ ਤੋਂ ਬੇਦਖਲ ਕਰਦਾ ਹਾਂ। ਇਹਨਾਂ ਨਾਲ ਲੈਣ ਦੇਣ ਕਰਨ ਵਾਲਾ ਖੁਦ ਜ਼ਿੰਮੇਵਾਰ ਹੋਵੇਗਾ। ਮੈਂ ਆਪਣਾ ਨਾਮ ਬਦਲ ਕੇ ਨਵਾਂ ਨਾਮ ਰੱਖ ਲਿਆ ਹੈ। ਸਬੰਧਤ ਨੋਟ ਕਰਨ।

ਮੈਂ ਆਪਣੇ ਪੁੱਤਰ ਅਤੇ ਨੂੰਹ ਨੂੰ ਉਹਨਾਂ ਦੇ ਮਾੜੇ ਵਿਵਹਾਰ ਕਾਰਨ ਆਪਣੀ ਚੱਲ ਅਤੇ ਅਚੱਲ ਜਾਇਦਾਦ ਤੋਂ ਬੇਦਖਲ ਕਰਦਾ ਹਾਂ। ਇਹਨਾਂ ਨਾਲ ਲੈਣ ਦੇਣ ਕਰਨ ਵਾਲਾ ਖੁਦ ਜ਼ਿੰਮੇਵਾਰ ਹੋਵੇਗਾ। ਮੈਂ ਆਪਣਾ ਨਾਮ ਬਦਲ ਕੇ ਨਵਾਂ ਨਾਮ ਰੱਖ ਲਿਆ ਹੈ। ਸਬੰਧਤ ਨੋਟ ਕਰਨ।

ਮੈਂ ਆਪਣੇ ਪੁੱਤਰ ਅਤੇ ਨੂੰਹ ਨੂੰ ਉਹਨਾਂ ਦੇ ਮਾੜੇ ਵਿਵਹਾਰ ਕਾਰਨ ਆਪਣੀ ਚੱਲ ਅਤੇ ਅਚੱਲ ਜਾਇਦਾਦ ਤੋਂ ਬੇਦਖਲ ਕਰਦਾ ਹਾਂ। ਇਹਨਾਂ ਨਾਲ ਲੈਣ ਦੇਣ ਕਰਨ ਵਾਲਾ ਖੁਦ ਜ਼ਿੰਮੇਵਾਰ ਹੋਵੇਗਾ। ਮੈਂ ਆਪਣਾ ਨਾਮ ਬਦਲ ਕੇ ਨਵਾਂ ਨਾਮ ਰੱਖ ਲਿਆ ਹੈ। ਸਬੰਧਤ ਨੋਟ ਕਰਨ।

ਮੈਂ ਆਪਣੇ ਪੁੱਤਰ ਅਤੇ ਨੂੰਹ ਨੂੰ ਉਹਨਾਂ ਦੇ ਮਾੜੇ ਵਿਵਹਾਰ ਕਾਰਨ ਆਪਣੀ ਚੱਲ ਅਤੇ ਅਚੱਲ ਜਾਇਦਾਦ ਤੋਂ ਬੇਦਖਲ ਕਰਦਾ ਹਾਂ। ਇਹਨਾਂ ਨਾਲ ਲੈਣ ਦੇਣ ਕਰਨ ਵਾਲਾ ਖੁਦ ਜ਼ਿੰਮੇਵਾਰ ਹੋਵੇਗਾ। ਮੈਂ ਆਪਣਾ ਨਾਮ ਬਦਲ ਕੇ ਨਵਾਂ ਨਾਮ ਰੱਖ ਲਿਆ ਹੈ। ਸਬੰਧਤ ਨੋਟ ਕਰਨ।

ਮੈਂ ਆਪਣੇ ਪੁੱਤਰ ਅਤੇ ਨੂੰਹ ਨੂੰ ਉਹਨਾਂ ਦੇ ਮਾੜੇ ਵਿਵਹਾਰ ਕਾਰਨ ਆਪਣੀ ਚੱਲ ਅਤੇ ਅਚੱਲ ਜਾਇਦਾਦ ਤੋਂ ਬੇਦਖਲ ਕਰਦਾ ਹਾਂ। ਇਹਨਾਂ ਨਾਲ ਲੈਣ ਦੇਣ ਕਰਨ ਵਾਲਾ ਖੁਦ ਜ਼ਿੰਮੇਵਾਰ ਹੋਵੇਗਾ। ਮੈਂ ਆਪਣਾ ਨਾਮ ਬਦਲ ਕੇ ਨਵਾਂ ਨਾਮ ਰੱਖ ਲਿਆ ਹੈ। ਸਬੰਧਤ ਨੋਟ ਕਰਨ।

ਮੈਂ ਆਪਣੇ ਪੁੱਤਰ ਅਤੇ ਨੂੰਹ ਨੂੰ ਉਹਨਾਂ ਦੇ ਮਾੜੇ ਵਿਵਹਾਰ ਕਾਰਨ ਆਪਣੀ ਚੱਲ ਅਤੇ ਅਚੱਲ ਜਾਇਦਾਦ ਤੋਂ ਬੇਦਖਲ ਕਰਦਾ ਹਾਂ। ਇਹਨਾਂ ਨਾਲ ਲੈਣ ਦੇਣ ਕਰਨ ਵਾਲਾ ਖੁਦ ਜ਼ਿੰਮੇਵਾਰ ਹੋਵੇਗਾ। ਮੈਂ ਆਪਣਾ ਨਾਮ ਬਦਲ ਕੇ ਨਵਾਂ ਨਾਮ ਰੱਖ ਲਿਆ ਹੈ। ਸਬੰਧਤ ਨੋਟ ਕਰਨ।

ਮੈਂ ਆਪਣੇ ਪੁੱਤਰ ਅਤੇ ਨੂੰਹ ਨੂੰ ਉਹਨਾਂ ਦੇ ਮਾੜੇ ਵਿਵਹਾਰ ਕਾਰਨ ਆਪਣੀ ਚੱਲ ਅਤੇ ਅਚੱਲ ਜਾਇਦਾਦ ਤੋਂ ਬੇਦਖਲ ਕਰਦਾ ਹਾਂ। ਇਹਨਾਂ ਨਾਲ ਲੈਣ ਦੇਣ ਕਰਨ ਵਾਲਾ ਖੁਦ ਜ਼ਿੰਮੇਵਾਰ ਹੋਵੇਗਾ। ਮੈਂ ਆਪਣਾ ਨਾਮ ਬਦਲ ਕੇ ਨਵਾਂ ਨਾਮ ਰੱਖ ਲਿਆ ਹੈ। ਸਬੰਧਤ ਨੋਟ ਕਰਨ।

ਮੈਂ ਆਪਣੇ ਪੁੱਤਰ ਅਤੇ ਨੂੰਹ ਨੂੰ ਉਹਨਾਂ ਦੇ ਮਾੜੇ ਵਿਵਹਾਰ ਕਾਰਨ ਆਪਣੀ ਚੱਲ ਅਤੇ ਅਚੱਲ ਜਾਇਦਾਦ ਤੋਂ ਬੇਦਖਲ ਕਰਦਾ ਹਾਂ। ਇਹਨਾਂ ਨਾਲ ਲੈਣ ਦੇਣ ਕਰਨ ਵਾਲਾ ਖੁਦ ਜ਼ਿੰਮੇਵਾਰ ਹੋਵੇਗਾ। ਮੈਂ ਆਪਣਾ ਨਾਮ ਬਦਲ ਕੇ ਨਵਾਂ ਨਾਮ ਰੱਖ ਲਿਆ ਹੈ। ਸਬੰਧਤ ਨੋਟ ਕਰਨ।

ਮੈਂ ਆਪਣੇ ਪੁੱਤਰ ਅਤੇ ਨੂੰਹ ਨੂੰ ਉਹਨਾਂ ਦੇ ਮਾੜੇ ਵਿਵਹਾਰ ਕਾਰਨ ਆਪਣੀ ਚੱਲ ਅਤੇ ਅਚੱਲ ਜਾਇਦਾਦ ਤੋਂ ਬੇਦਖਲ ਕਰਦਾ ਹਾਂ। ਇਹਨਾਂ ਨਾਲ ਲੈਣ ਦੇਣ ਕਰਨ ਵਾਲਾ ਖੁਦ ਜ਼ਿੰਮੇਵਾਰ ਹੋਵੇਗਾ। ਮੈਂ ਆਪਣਾ ਨਾਮ ਬਦਲ ਕੇ ਨਵਾਂ ਨਾਮ ਰੱਖ ਲਿਆ ਹੈ। ਸਬੰਧਤ ਨੋਟ ਕਰਨ।

ਮੈਂ ਆਪਣੇ ਪੁੱਤਰ ਅਤੇ ਨੂੰਹ ਨੂੰ ਉਹਨਾਂ ਦੇ ਮਾੜੇ ਵਿਵਹਾਰ ਕਾਰਨ ਆਪਣੀ ਚੱਲ ਅਤੇ ਅਚੱਲ ਜਾਇਦਾਦ ਤੋਂ ਬੇਦਖਲ ਕਰਦਾ ਹਾਂ। ਇਹਨਾਂ ਨਾਲ ਲੈਣ ਦੇਣ ਕਰਨ ਵਾਲਾ ਖੁਦ ਜ਼ਿੰਮੇਵਾਰ ਹੋਵੇਗਾ। ਮੈਂ ਆਪਣਾ ਨਾਮ ਬਦਲ ਕੇ ਨਵਾਂ ਨਾਮ ਰੱਖ ਲਿਆ ਹੈ। ਸਬੰਧਤ ਨੋਟ ਕਰਨ।

ਮੈਂ ਆਪਣੇ ਪੁੱਤਰ ਅਤੇ ਨੂੰਹ ਨੂੰ ਉਹਨਾਂ ਦੇ ਮਾੜੇ ਵਿਵਹਾਰ ਕਾਰਨ ਆਪਣੀ ਚੱਲ ਅਤੇ ਅਚੱਲ ਜਾਇਦਾਦ ਤੋਂ ਬੇਦਖਲ ਕਰਦਾ ਹਾਂ। ਇਹਨਾਂ ਨਾਲ ਲੈਣ ਦੇਣ ਕਰਨ ਵਾਲਾ ਖੁਦ ਜ਼ਿੰਮੇਵਾਰ ਹੋਵੇਗਾ। ਮੈਂ ਆਪਣਾ ਨਾਮ ਬਦਲ ਕੇ ਨਵਾਂ ਨਾਮ ਰੱਖ ਲਿਆ ਹੈ। ਸਬੰਧਤ ਨੋਟ ਕਰਨ।

ਮੈਂ ਆਪਣੇ ਪੁੱਤਰ ਅਤੇ ਨੂੰਹ ਨੂੰ ਉਹਨਾਂ ਦੇ ਮਾੜੇ ਵਿਵਹਾਰ ਕਾਰਨ ਆਪਣੀ ਚੱਲ ਅਤੇ ਅਚੱਲ ਜਾਇਦਾਦ ਤੋਂ ਬੇਦਖਲ ਕਰਦਾ ਹਾਂ। ਇਹਨਾਂ ਨਾਲ ਲੈਣ ਦੇਣ ਕਰਨ ਵਾਲਾ ਖੁਦ ਜ਼ਿੰਮੇਵਾਰ ਹੋਵੇਗਾ। ਮੈਂ ਆਪਣਾ ਨਾਮ ਬਦਲ ਕੇ ਨਵਾਂ ਨਾਮ ਰੱਖ ਲਿਆ ਹੈ। ਸਬੰਧਤ ਨੋਟ ਕਰਨ।

ਮੈਂ ਆਪਣੇ ਪੁੱਤਰ ਅਤੇ ਨੂੰਹ ਨੂੰ ਉਹਨਾਂ ਦੇ ਮਾੜੇ ਵਿਵਹਾਰ ਕਾਰਨ ਆਪਣੀ ਚੱਲ ਅਤੇ ਅਚੱਲ ਜਾਇਦਾਦ ਤੋਂ ਬੇਦਖਲ ਕਰਦਾ ਹਾਂ। ਇਹਨਾਂ ਨਾਲ ਲੈਣ ਦੇਣ ਕਰਨ ਵਾਲਾ ਖੁਦ ਜ਼ਿੰਮੇਵਾਰ ਹੋਵੇਗਾ। ਮੈਂ ਆਪਣਾ ਨਾਮ ਬਦਲ ਕੇ ਨਵਾਂ ਨਾਮ ਰੱਖ ਲਿਆ ਹੈ। ਸਬੰਧਤ ਨੋਟ ਕਰਨ।

ਮੈਂ ਆਪਣੇ ਪੁੱਤਰ ਅਤੇ ਨੂੰਹ ਨੂੰ ਉਹਨਾਂ ਦੇ ਮਾੜੇ ਵਿਵਹਾਰ ਕਾਰਨ ਆਪਣੀ ਚੱਲ ਅਤੇ ਅਚੱਲ ਜਾਇਦਾਦ ਤੋਂ ਬੇਦਖਲ ਕਰਦਾ ਹਾਂ। ਇਹਨਾਂ ਨਾਲ ਲੈਣ ਦੇਣ ਕਰਨ ਵਾਲਾ ਖੁਦ ਜ਼ਿੰਮੇਵਾਰ ਹੋਵੇਗਾ। ਮੈਂ ਆਪਣਾ ਨਾਮ ਬਦਲ ਕੇ ਨਵਾਂ ਨਾਮ ਰੱਖ ਲਿਆ ਹੈ। ਸਬੰਧਤ ਨੋਟ ਕਰਨ।

ਆਮ ਸੂਚਨਾ

ਮੈਂ ਆਪਣੇ ਪੁੱਤਰ ਅਤੇ ਨੂੰਹ ਨੂੰ ਉਹਨਾਂ ਦੇ ਮਾੜੇ ਵਿਵਹਾਰ ਕਾਰਨ ਆਪਣੀ ਚੱਲ ਅਤੇ ਅਚੱਲ ਜਾਇਦਾਦ ਤੋਂ ਬੇਦਖਲ ਕਰਦਾ ਹਾਂ। ਇਹਨਾਂ ਨਾਲ ਲੈਣ ਦੇਣ ਕਰਨ ਵਾਲਾ ਖੁਦ ਜ਼ਿੰਮੇਵਾਰ ਹੋਵੇਗਾ। ਮੈਂ ਆਪਣਾ ਨਾਮ ਬਦਲ ਕੇ ਨਵਾਂ ਨਾਮ ਰੱਖ ਲਿਆ ਹੈ। ਸਬੰਧਤ ਨੋਟ ਕਰਨ।

ਮੈਂ ਆਪਣੇ ਪੁੱਤਰ ਅਤੇ ਨੂੰਹ ਨੂੰ ਉਹਨਾਂ ਦੇ ਮਾੜੇ ਵਿਵਹਾਰ ਕਾਰਨ ਆਪਣੀ ਚੱਲ ਅਤੇ ਅਚੱਲ ਜਾਇਦਾਦ ਤੋਂ ਬੇਦਖਲ ਕਰਦਾ ਹਾਂ। ਇਹਨਾਂ ਨਾਲ ਲੈਣ ਦੇਣ ਕਰਨ ਵਾਲਾ ਖੁਦ ਜ਼ਿੰਮੇਵਾਰ ਹੋਵੇਗਾ। ਮੈਂ ਆਪਣਾ ਨਾਮ ਬਦਲ ਕੇ ਨਵਾਂ ਨਾਮ ਰੱਖ ਲਿਆ ਹੈ। ਸਬੰਧਤ ਨੋਟ ਕਰਨ।

I, NANDIT KUMAR SON OF RAJINDER SINGH R/O H.NO. 23, NEAR SUNDER NAGAR CHOWK, JASWANT SINGH ENCLAVE 33 FT ROAD, MUNDIAN KALAN, LUDHIANA DECLARE THAT MY FATHER'S NAME RAKESH KUMAR AND RAJINDER KUMAR BOTH ARE SAME PERSON BUT NOW RIGHT OF MY FATHER'S IS RAJINDER KUMAR. 7171
It is for general information that I Kanika Chawla D/o Chander Parkash R/o H No B-XII 194, Kutbapura Bazar, Thapar PC Wali Gali Ludhiana Punjab 141008 declare that Name of my mother has been wrongly written as Rajni Devi Chawla in my educational documents. The actual name of my mother is Rajni respectively which may be amended accordingly. It is certified that I have complied with other legal requirements in this connection. 7171
Public Notice

ਮੈਂ ਆਪਣੇ ਪੁੱਤਰ ਅਤੇ ਨੂੰਹ ਨੂੰ ਉਹਨਾਂ ਦੇ ਮਾੜੇ ਵਿਵਹਾਰ ਕਾਰਨ ਆਪਣੀ ਚੱਲ ਅਤੇ ਅਚੱਲ ਜਾਇਦਾਦ ਤੋਂ ਬੇਦਖਲ ਕਰਦਾ ਹਾਂ। ਇਹਨਾਂ ਨਾਲ ਲੈਣ ਦੇਣ ਕਰਨ ਵਾਲਾ ਖੁਦ ਜ਼ਿੰਮੇਵਾਰ ਹੋਵੇਗਾ। ਮੈਂ ਆਪਣਾ ਨਾਮ ਬਦਲ ਕੇ ਨਵਾਂ ਨਾਮ ਰੱਖ ਲਿਆ ਹੈ। ਸਬੰਧਤ ਨੋਟ ਕਰਨ।

ਮੈਂ ਆਪਣੇ ਪੁੱਤਰ ਅਤੇ ਨੂੰਹ ਨੂੰ ਉਹਨਾਂ ਦੇ ਮਾੜੇ ਵਿਵਹਾਰ ਕਾਰਨ ਆਪਣੀ ਚੱਲ ਅਤੇ ਅਚੱਲ ਜਾਇਦਾਦ ਤੋਂ ਬੇਦਖਲ ਕਰਦਾ ਹਾਂ। ਇਹਨਾਂ ਨਾਲ ਲੈਣ ਦੇਣ ਕਰਨ ਵਾਲਾ ਖੁਦ ਜ਼ਿੰਮੇਵਾਰ ਹੋਵੇਗਾ। ਮੈਂ ਆਪਣਾ ਨਾਮ ਬਦਲ ਕੇ ਨਵਾਂ ਨਾਮ ਰੱਖ ਲਿਆ ਹੈ। ਸਬੰਧਤ ਨੋਟ ਕਰਨ।

ਮੈਂ ਆਪਣੇ ਪੁੱਤਰ ਅਤੇ ਨੂੰਹ ਨੂੰ ਉਹਨਾਂ ਦੇ ਮਾੜੇ ਵਿਵਹਾਰ ਕਾਰਨ ਆਪਣੀ ਚੱਲ ਅਤੇ ਅਚੱਲ ਜਾਇਦਾਦ ਤੋਂ ਬੇਦਖਲ ਕਰਦਾ ਹਾਂ। ਇਹਨਾਂ ਨਾਲ ਲੈਣ ਦੇਣ ਕਰਨ ਵਾਲਾ ਖੁਦ ਜ਼ਿੰਮੇਵਾਰ ਹੋਵੇਗਾ। ਮੈਂ ਆਪਣਾ ਨਾਮ ਬਦਲ ਕੇ ਨਵਾਂ ਨਾਮ ਰੱਖ ਲਿਆ ਹੈ। ਸਬੰਧਤ ਨੋਟ ਕਰਨ।

ਮੈਂ ਆਪਣੇ ਪੁੱਤਰ ਅਤੇ ਨੂੰਹ ਨੂੰ ਉਹਨਾਂ ਦੇ ਮਾੜੇ ਵਿਵਹਾਰ ਕਾਰਨ ਆਪਣੀ ਚੱਲ ਅਤੇ ਅਚੱਲ ਜਾਇਦਾਦ ਤੋਂ ਬੇਦਖਲ ਕਰਦਾ ਹਾਂ। ਇਹਨਾਂ ਨਾਲ ਲੈਣ ਦੇਣ ਕਰਨ ਵਾਲਾ ਖੁਦ ਜ਼ਿੰਮੇਵਾਰ ਹੋਵੇਗਾ। ਮੈਂ ਆਪਣਾ ਨਾਮ ਬਦਲ ਕੇ ਨਵਾਂ ਨਾਮ ਰੱਖ ਲਿਆ ਹੈ। ਸਬੰਧਤ ਨੋਟ ਕਰਨ।

ਮੈਂ ਆਪਣੇ ਪੁੱਤਰ ਅਤੇ ਨੂੰਹ ਨੂੰ ਉਹਨਾਂ ਦੇ ਮਾੜੇ ਵਿਵਹਾਰ ਕਾਰਨ ਆਪਣੀ ਚੱਲ ਅਤੇ ਅਚੱਲ ਜਾਇਦਾਦ ਤੋਂ ਬੇਦਖਲ ਕਰਦਾ ਹਾਂ। ਇਹਨਾਂ ਨਾਲ ਲੈਣ ਦੇਣ ਕਰਨ ਵਾਲਾ ਖੁਦ ਜ਼ਿੰਮੇਵਾਰ ਹੋਵੇਗਾ। ਮੈਂ ਆਪਣਾ ਨਾਮ ਬਦਲ ਕੇ ਨਵਾਂ ਨਾਮ ਰੱਖ ਲਿਆ ਹੈ। ਸਬੰਧਤ ਨੋਟ ਕਰਨ।

ਮੈਂ ਆਪਣੇ ਪੁੱਤਰ ਅਤੇ ਨੂੰਹ ਨੂੰ ਉਹਨਾਂ ਦੇ ਮਾੜੇ ਵਿਵਹਾਰ ਕਾਰਨ ਆਪਣੀ ਚੱਲ ਅਤੇ ਅਚੱਲ ਜਾਇਦਾਦ ਤੋਂ ਬੇਦਖਲ ਕਰਦਾ ਹਾਂ। ਇਹਨਾਂ ਨਾਲ ਲੈਣ ਦੇਣ ਕਰਨ ਵਾਲਾ ਖੁਦ ਜ਼ਿੰਮੇਵਾਰ ਹੋਵੇਗਾ। ਮੈਂ ਆਪਣਾ ਨਾਮ ਬਦਲ ਕੇ ਨਵਾਂ ਨਾਮ ਰੱਖ ਲਿਆ ਹੈ। ਸਬੰਧਤ ਨੋਟ ਕਰਨ।

ਮੈਂ ਆਪਣੇ ਪੁੱਤਰ ਅਤੇ ਨੂੰਹ ਨੂੰ ਉਹਨਾਂ ਦੇ ਮਾੜੇ ਵਿਵਹਾਰ ਕਾਰਨ ਆਪਣੀ ਚੱਲ ਅਤੇ ਅਚੱਲ ਜਾਇਦਾਦ ਤੋਂ ਬੇਦਖਲ ਕਰਦਾ ਹਾਂ। ਇਹਨਾਂ ਨਾਲ ਲੈਣ ਦੇਣ ਕਰਨ ਵਾਲਾ ਖੁਦ ਜ਼ਿੰਮੇਵਾਰ ਹੋਵੇਗਾ। ਮੈਂ ਆਪਣਾ ਨਾਮ ਬਦਲ ਕੇ ਨਵਾਂ ਨਾਮ ਰੱਖ ਲਿਆ ਹੈ। ਸਬੰਧਤ ਨੋਟ ਕਰਨ।

ਮੈਂ ਆਪਣੇ ਪੁੱਤਰ ਅਤੇ ਨੂੰਹ ਨੂੰ ਉਹਨਾਂ ਦੇ ਮਾੜੇ ਵਿਵਹਾਰ ਕਾਰਨ ਆਪਣੀ ਚੱਲ ਅਤੇ ਅਚੱਲ ਜਾਇਦਾਦ ਤੋਂ ਬੇਦਖਲ ਕਰਦਾ ਹਾਂ। ਇਹਨਾਂ ਨਾਲ ਲੈਣ ਦੇਣ ਕਰਨ ਵਾਲਾ ਖੁਦ ਜ਼ਿੰਮੇਵਾਰ ਹੋਵੇਗਾ। ਮੈਂ ਆਪਣਾ ਨਾਮ ਬਦਲ ਕੇ ਨਵਾਂ ਨਾਮ ਰੱਖ ਲਿਆ ਹੈ। ਸਬੰਧਤ ਨੋਟ ਕਰਨ।

ਮੈਂ ਆਪਣੇ ਪੁੱਤਰ ਅਤੇ ਨੂੰਹ ਨੂੰ ਉਹਨਾਂ ਦੇ ਮਾੜੇ ਵਿਵਹਾਰ ਕਾਰਨ ਆਪਣੀ ਚੱਲ ਅਤੇ ਅਚੱਲ ਜਾਇਦਾਦ ਤੋਂ ਬੇਦਖਲ ਕਰਦਾ ਹਾਂ। ਇਹਨਾਂ ਨਾਲ ਲੈਣ ਦੇਣ ਕਰਨ ਵਾਲਾ ਖੁਦ ਜ਼ਿੰਮੇਵਾਰ ਹੋਵੇਗਾ। ਮੈਂ ਆਪਣਾ ਨਾਮ ਬਦਲ ਕੇ ਨਵਾਂ ਨਾਮ ਰੱਖ ਲਿਆ ਹੈ। ਸਬੰਧਤ ਨੋਟ ਕਰਨ।

ਮੈਂ ਆਪਣੇ ਪੁੱਤਰ ਅਤੇ ਨੂੰਹ ਨੂੰ ਉਹਨਾਂ ਦੇ ਮਾੜੇ ਵਿਵਹਾਰ ਕਾਰਨ ਆਪਣੀ ਚੱਲ ਅਤੇ ਅਚੱਲ ਜਾਇਦਾਦ ਤੋਂ ਬੇਦਖਲ ਕਰਦਾ ਹਾਂ। ਇਹਨਾਂ ਨਾਲ ਲੈਣ ਦੇਣ ਕਰਨ ਵਾਲਾ ਖੁਦ ਜ਼ਿੰਮੇਵਾਰ ਹੋਵੇਗਾ। ਮੈਂ ਆਪਣਾ ਨਾਮ ਬਦਲ ਕੇ ਨਵਾਂ ਨਾਮ ਰੱਖ ਲਿਆ ਹੈ। ਸਬੰਧਤ ਨੋਟ ਕਰਨ।

Public Notice

ਮੈਂ ਆਪਣੇ ਪੁੱਤਰ ਅਤੇ ਨੂੰਹ ਨੂੰ ਉਹਨਾਂ ਦੇ ਮਾੜੇ ਵਿਵਹਾਰ ਕਾਰਨ ਆਪਣੀ ਚੱਲ ਅਤੇ ਅਚੱਲ ਜਾਇਦਾਦ ਤੋਂ ਬੇਦਖਲ ਕਰਦਾ ਹਾਂ। ਇਹਨਾਂ ਨਾਲ ਲੈਣ ਦੇਣ ਕਰਨ ਵਾਲਾ ਖੁਦ ਜ਼ਿੰਮੇਵਾਰ ਹੋਵੇਗਾ। ਮੈਂ ਆਪਣਾ ਨਾਮ ਬਦਲ ਕੇ ਨਵਾਂ ਨਾਮ ਰੱਖ ਲਿਆ ਹੈ। ਸਬੰਧਤ ਨੋਟ ਕਰਨ।

ਮੈਂ ਆਪਣੇ ਪੁੱਤਰ ਅਤੇ ਨੂੰਹ ਨੂੰ ਉਹਨਾਂ ਦੇ ਮਾੜੇ ਵਿਵਹਾਰ ਕਾਰਨ ਆਪਣੀ ਚੱਲ ਅਤੇ ਅਚੱਲ ਜਾਇਦਾਦ ਤੋਂ ਬੇਦਖਲ ਕਰਦਾ ਹਾਂ। ਇਹਨਾਂ ਨਾਲ ਲੈਣ ਦੇਣ ਕਰਨ ਵਾਲਾ ਖੁਦ ਜ਼ਿੰਮੇਵਾਰ ਹੋਵੇਗਾ। ਮੈਂ ਆਪਣਾ ਨਾਮ ਬਦਲ ਕੇ ਨਵਾਂ ਨਾਮ ਰੱਖ ਲਿਆ ਹੈ। ਸਬੰਧਤ ਨੋਟ ਕਰਨ।

ਮੈਂ ਆਪਣੇ ਪੁੱਤਰ ਅਤੇ ਨੂੰਹ ਨੂੰ ਉਹਨਾਂ ਦੇ ਮਾੜੇ ਵਿਵਹਾਰ ਕਾਰਨ ਆਪਣੀ ਚੱਲ ਅਤੇ ਅਚੱਲ ਜਾਇਦਾਦ ਤੋਂ ਬੇਦਖਲ ਕਰਦਾ ਹਾਂ। ਇਹਨਾਂ ਨਾਲ ਲੈਣ ਦੇਣ ਕਰਨ ਵਾਲਾ ਖੁਦ ਜ਼ਿੰਮੇਵਾਰ ਹੋਵੇਗਾ। ਮੈਂ ਆਪਣਾ ਨਾਮ ਬਦਲ ਕੇ ਨਵਾਂ ਨਾਮ ਰੱਖ ਲਿਆ ਹੈ। ਸਬੰਧਤ ਨੋਟ ਕਰਨ।

ਮੈਂ ਆਪਣੇ ਪੁੱਤਰ ਅਤੇ ਨੂੰਹ ਨੂੰ ਉਹਨਾਂ ਦੇ ਮਾੜੇ ਵਿਵਹਾਰ ਕਾਰਨ ਆਪਣੀ ਚੱਲ ਅਤੇ ਅਚੱਲ ਜਾਇਦਾਦ ਤੋਂ ਬੇਦਖਲ ਕਰਦਾ ਹਾਂ। ਇਹਨਾਂ ਨਾਲ ਲੈਣ ਦੇਣ ਕਰਨ ਵਾਲਾ ਖੁਦ ਜ਼ਿੰਮੇਵਾਰ ਹੋਵੇਗਾ। ਮੈਂ ਆਪਣਾ ਨਾਮ ਬਦਲ ਕੇ ਨਵਾਂ ਨਾਮ ਰੱਖ ਲਿਆ ਹੈ। ਸਬੰਧਤ ਨੋਟ ਕਰਨ।

ਮੈਂ ਆਪਣੇ ਪੁੱਤਰ ਅਤੇ ਨੂੰਹ ਨੂੰ ਉਹਨਾਂ ਦੇ ਮਾੜੇ ਵਿਵਹਾਰ ਕਾਰਨ ਆਪਣੀ ਚੱਲ ਅਤੇ ਅਚੱਲ ਜਾਇਦਾਦ ਤੋਂ ਬੇਦਖਲ ਕਰਦਾ ਹਾਂ। ਇਹਨਾਂ ਨਾਲ ਲੈਣ ਦੇਣ ਕਰਨ ਵਾਲਾ ਖੁਦ ਜ਼ਿੰਮੇਵਾਰ ਹੋਵੇਗਾ। ਮੈਂ ਆਪਣਾ ਨਾਮ ਬਦਲ ਕੇ ਨਵਾਂ ਨਾਮ ਰੱਖ ਲਿਆ ਹੈ। ਸਬੰਧਤ ਨੋਟ ਕਰਨ।

ਮੈਂ ਆਪਣੇ ਪੁੱਤਰ ਅਤੇ ਨੂੰਹ ਨੂੰ ਉਹਨਾਂ ਦੇ ਮਾੜੇ ਵਿਵਹਾਰ ਕਾਰਨ ਆਪਣੀ ਚੱਲ ਅਤੇ ਅਚੱਲ ਜਾਇਦਾਦ ਤੋਂ ਬੇਦਖਲ ਕਰਦਾ ਹਾਂ। ਇਹਨਾਂ ਨਾਲ ਲੈਣ ਦੇਣ ਕਰਨ ਵਾਲਾ ਖੁਦ ਜ਼ਿੰਮੇਵਾਰ ਹੋਵੇਗਾ। ਮੈਂ ਆਪਣਾ ਨਾਮ ਬਦਲ ਕੇ ਨਵਾਂ ਨਾਮ ਰੱਖ ਲਿਆ ਹੈ। ਸਬੰਧਤ ਨੋਟ ਕਰਨ।

ਮੈਂ ਆਪਣੇ ਪੁੱਤਰ ਅਤੇ ਨੂੰਹ ਨੂੰ ਉਹਨਾਂ ਦੇ ਮਾੜੇ ਵਿਵਹਾਰ ਕਾਰਨ ਆਪਣੀ ਚੱਲ ਅਤੇ ਅਚੱਲ ਜਾਇਦਾਦ ਤੋਂ ਬੇਦਖਲ ਕਰਦਾ ਹਾਂ। ਇਹਨਾਂ ਨਾਲ ਲੈਣ ਦੇਣ ਕਰਨ ਵਾਲਾ ਖੁਦ ਜ਼ਿੰਮੇਵਾਰ ਹੋਵੇਗਾ। ਮੈਂ ਆਪਣਾ ਨਾਮ ਬਦਲ ਕੇ ਨਵਾਂ ਨਾਮ ਰੱਖ ਲਿਆ ਹੈ। ਸਬੰਧਤ ਨੋਟ ਕਰਨ।

ਮੈਂ ਆਪਣੇ ਪੁੱਤਰ ਅਤੇ ਨੂੰਹ ਨੂੰ ਉਹਨਾਂ ਦੇ ਮਾੜੇ ਵਿਵਹਾਰ ਕਾਰਨ ਆਪਣੀ ਚੱਲ ਅਤੇ ਅਚੱਲ ਜਾਇਦਾਦ ਤੋਂ ਬੇਦਖਲ ਕਰਦਾ ਹਾਂ। ਇਹਨਾਂ ਨਾਲ ਲੈਣ ਦੇਣ ਕਰਨ ਵਾਲਾ ਖੁਦ ਜ਼ਿੰਮੇਵਾਰ ਹੋਵੇਗਾ। ਮੈਂ ਆਪਣਾ ਨਾਮ ਬਦਲ ਕੇ ਨਵਾਂ ਨਾਮ ਰੱਖ ਲਿਆ ਹੈ। ਸਬੰਧਤ ਨੋਟ ਕਰਨ।

ਮੈਂ ਆਪਣੇ ਪੁੱਤਰ ਅਤੇ ਨੂੰਹ ਨੂੰ ਉਹਨਾਂ ਦੇ ਮਾੜੇ ਵਿਵਹਾਰ ਕਾਰਨ ਆਪਣੀ ਚੱਲ ਅਤੇ ਅਚੱਲ ਜਾਇਦਾਦ ਤੋਂ ਬੇਦਖਲ ਕਰਦਾ ਹਾਂ। ਇਹਨਾਂ ਨਾਲ ਲੈਣ ਦੇਣ ਕਰਨ ਵਾਲਾ ਖੁਦ ਜ਼ਿੰਮੇਵਾਰ ਹੋਵੇਗਾ। ਮੈਂ ਆਪਣਾ ਨਾਮ ਬਦਲ ਕੇ ਨਵਾਂ ਨਾਮ ਰੱਖ ਲਿਆ ਹੈ। ਸਬੰਧਤ ਨੋਟ ਕਰਨ।

ਮੈਂ ਆਪਣੇ ਪੁੱਤਰ ਅਤੇ ਨੂੰਹ ਨੂੰ ਉਹਨਾਂ ਦੇ ਮਾੜੇ ਵਿਵਹਾਰ ਕਾਰਨ ਆਪਣੀ ਚੱਲ ਅਤੇ ਅਚੱਲ ਜਾਇਦਾਦ ਤੋਂ ਬੇਦਖਲ ਕਰਦਾ ਹਾਂ। ਇਹਨਾਂ ਨਾਲ ਲੈਣ ਦੇਣ ਕਰਨ ਵਾਲਾ ਖੁਦ ਜ਼ਿੰਮੇਵਾਰ ਹੋਵੇਗਾ। ਮੈਂ ਆਪਣਾ ਨਾਮ ਬਦਲ ਕੇ ਨਵਾਂ ਨਾਮ ਰੱਖ ਲਿਆ ਹੈ। ਸਬੰਧਤ ਨੋਟ ਕਰਨ।

Election Notice

ਮੈਂ ਆਪਣੇ ਪੁੱਤਰ ਅਤੇ ਨੂੰਹ ਨੂੰ ਉਹਨਾਂ ਦੇ ਮਾੜੇ ਵਿਵਹਾਰ ਕਾਰਨ ਆਪਣੀ ਚੱਲ ਅਤੇ ਅਚੱਲ ਜਾਇਦਾਦ ਤੋਂ ਬੇਦਖਲ ਕਰਦਾ ਹਾਂ। ਇਹਨਾਂ ਨਾਲ ਲੈਣ ਦੇਣ ਕਰਨ ਵਾਲਾ ਖੁਦ ਜ਼ਿੰਮੇਵਾਰ ਹੋਵੇਗਾ। ਮੈਂ ਆਪਣਾ ਨਾਮ ਬਦਲ ਕੇ ਨਵਾਂ ਨਾਮ ਰੱਖ ਲਿਆ ਹੈ। ਸਬੰਧਤ ਨੋਟ ਕਰਨ।

ਮੈਂ ਆਪਣੇ ਪੁੱਤਰ ਅਤੇ ਨੂੰਹ ਨੂੰ ਉਹਨਾਂ ਦੇ ਮਾੜੇ ਵਿਵਹਾਰ ਕਾਰਨ ਆਪਣੀ ਚੱਲ ਅਤੇ ਅਚੱਲ ਜਾਇਦਾਦ ਤੋਂ ਬੇਦਖਲ ਕਰਦਾ ਹਾਂ। ਇਹਨਾਂ ਨਾਲ ਲੈਣ ਦੇਣ ਕਰਨ ਵਾਲਾ ਖੁਦ ਜ਼ਿੰਮੇਵਾਰ ਹੋਵੇਗਾ। ਮੈਂ ਆਪਣਾ ਨਾਮ ਬਦਲ ਕੇ ਨਵਾਂ ਨਾਮ ਰੱਖ ਲਿਆ ਹੈ। ਸਬੰਧਤ ਨੋਟ ਕਰਨ।

ਮੈਂ ਆਪਣੇ ਪੁੱਤਰ ਅਤੇ ਨੂੰਹ ਨੂੰ ਉਹਨਾਂ ਦੇ ਮਾੜੇ ਵਿਵਹਾਰ ਕਾਰਨ ਆਪਣੀ ਚੱਲ ਅਤੇ ਅਚੱਲ ਜਾਇਦਾਦ ਤੋਂ ਬੇਦਖਲ ਕਰਦਾ ਹਾਂ। ਇਹਨਾਂ ਨਾਲ ਲੈਣ ਦੇਣ ਕਰਨ ਵਾਲਾ ਖੁਦ ਜ਼ਿੰਮੇਵਾਰ ਹੋਵੇਗਾ। ਮੈਂ ਆਪਣਾ ਨਾਮ ਬਦਲ ਕੇ ਨਵਾਂ ਨਾਮ ਰੱਖ ਲਿਆ ਹੈ। ਸਬੰਧਤ ਨੋਟ ਕਰਨ।

ਮੈਂ ਆਪਣੇ ਪੁੱਤਰ ਅਤੇ ਨੂੰਹ ਨੂੰ ਉਹਨਾਂ ਦੇ ਮਾੜੇ ਵਿਵਹਾਰ ਕਾਰਨ ਆਪਣੀ ਚੱਲ ਅਤੇ ਅਚੱਲ ਜਾਇਦਾਦ ਤੋਂ ਬੇਦਖਲ ਕਰਦਾ ਹਾਂ। ਇਹਨਾਂ ਨਾਲ ਲੈਣ ਦੇਣ ਕਰਨ ਵਾਲਾ ਖੁਦ ਜ਼ਿੰਮੇਵਾਰ ਹੋਵੇਗਾ। ਮੈਂ ਆਪਣਾ ਨਾਮ ਬਦਲ ਕੇ ਨਵਾਂ ਨਾਮ ਰੱਖ ਲਿਆ ਹੈ। ਸਬੰਧਤ ਨੋਟ ਕਰਨ।

ਮੈਂ ਆਪਣੇ ਪੁੱਤਰ ਅਤੇ ਨੂੰਹ ਨੂੰ ਉਹਨਾਂ ਦੇ ਮਾੜੇ ਵਿਵਹਾਰ ਕਾਰਨ ਆਪਣੀ ਚੱਲ ਅਤੇ ਅਚੱਲ ਜਾਇਦਾਦ ਤੋਂ ਬੇਦਖਲ ਕਰਦਾ ਹਾਂ। ਇਹਨਾਂ ਨਾਲ ਲੈਣ ਦੇਣ ਕਰਨ ਵਾਲਾ ਖੁਦ ਜ਼ਿੰਮੇਵਾਰ ਹੋਵੇਗਾ। ਮੈਂ ਆਪਣਾ ਨਾਮ ਬਦਲ ਕੇ ਨਵਾਂ ਨਾਮ ਰੱਖ ਲਿਆ ਹੈ। ਸਬੰਧਤ ਨੋਟ ਕਰਨ।

ਮੈਂ ਆਪਣੇ ਪੁੱਤਰ ਅਤੇ ਨੂੰਹ ਨੂੰ ਉਹਨਾਂ ਦੇ ਮਾੜੇ ਵਿਵਹਾਰ ਕਾਰਨ ਆਪਣੀ ਚੱਲ ਅਤੇ ਅਚੱਲ ਜਾਇਦਾਦ ਤੋਂ ਬੇਦਖਲ ਕਰਦਾ ਹਾਂ। ਇਹਨਾਂ ਨਾਲ ਲੈਣ ਦੇਣ ਕਰਨ ਵਾਲਾ ਖੁਦ ਜ਼ਿੰਮੇਵਾਰ ਹੋਵੇਗਾ। ਮੈਂ ਆਪਣਾ ਨਾਮ ਬਦਲ ਕੇ ਨਵਾਂ ਨਾਮ ਰੱਖ ਲਿਆ ਹੈ। ਸਬੰਧਤ ਨੋਟ ਕਰਨ।

Public Notice

ਮੈਂ ਆਪਣੇ ਪੁੱਤਰ ਅਤੇ ਨੂੰਹ ਨੂੰ ਉਹਨਾਂ ਦੇ ਮਾੜੇ ਵਿਵਹਾਰ ਕਾਰਨ ਆਪਣੀ ਚੱਲ ਅਤੇ ਅਚੱਲ ਜਾਇਦਾਦ ਤੋਂ ਬੇਦਖਲ ਕਰਦਾ ਹਾਂ। ਇਹਨਾਂ ਨਾਲ ਲੈਣ ਦੇਣ ਕਰਨ ਵਾਲਾ ਖੁਦ ਜ਼ਿੰਮੇਵਾਰ ਹੋਵੇਗਾ। ਮੈਂ ਆਪਣਾ ਨਾਮ ਬਦਲ ਕੇ ਨਵਾਂ ਨਾਮ ਰੱਖ ਲਿਆ ਹੈ। ਸਬੰਧਤ ਨੋਟ ਕਰਨ।

ਮੈਂ ਆਪਣੇ ਪੁੱਤਰ ਅਤੇ ਨੂੰਹ ਨੂੰ ਉਹਨਾਂ ਦੇ ਮਾੜੇ ਵਿਵਹਾਰ ਕਾਰਨ ਆਪਣੀ ਚੱਲ ਅਤੇ ਅਚੱਲ ਜਾਇਦਾਦ ਤੋਂ ਬੇਦਖਲ ਕਰਦਾ ਹਾਂ। ਇਹਨਾਂ ਨਾਲ ਲੈਣ ਦੇਣ ਕਰਨ ਵਾਲਾ ਖੁਦ ਜ਼ਿੰਮੇਵਾਰ ਹੋਵੇਗਾ। ਮੈਂ ਆਪਣਾ ਨਾਮ ਬਦਲ ਕੇ ਨਵਾਂ ਨਾਮ ਰੱਖ ਲਿਆ ਹੈ। ਸਬੰਧਤ ਨੋਟ ਕਰਨ।

ਮੈਂ ਆਪਣੇ ਪੁੱਤਰ ਅਤੇ ਨੂੰਹ ਨੂੰ ਉਹਨਾਂ ਦੇ ਮਾੜੇ ਵਿਵਹਾਰ ਕਾਰਨ ਆਪਣੀ ਚੱਲ ਅਤੇ ਅਚੱਲ ਜਾਇਦਾਦ ਤੋਂ ਬੇਦਖਲ ਕਰਦਾ ਹਾਂ। ਇਹਨਾਂ ਨਾਲ ਲੈਣ ਦੇਣ ਕਰਨ ਵਾਲਾ ਖੁਦ ਜ਼ਿੰਮੇਵਾਰ ਹੋਵੇਗਾ। ਮੈਂ ਆਪਣਾ ਨਾਮ ਬਦਲ ਕੇ ਨਵਾਂ ਨਾਮ ਰੱਖ ਲਿਆ ਹੈ। ਸਬੰਧਤ ਨੋਟ ਕਰਨ।

ਮੈਂ ਆਪਣੇ ਪੁੱਤਰ ਅਤੇ ਨੂੰਹ ਨੂੰ ਉਹਨਾਂ ਦੇ ਮਾੜੇ ਵਿਵਹਾਰ ਕਾਰਨ ਆਪਣੀ ਚੱਲ ਅਤੇ ਅਚੱਲ ਜਾਇਦਾਦ ਤੋਂ ਬੇਦਖਲ ਕਰਦਾ ਹਾਂ। ਇਹਨਾਂ ਨਾਲ ਲੈਣ ਦੇਣ ਕਰਨ ਵਾਲਾ ਖੁਦ ਜ਼ਿੰਮੇਵਾਰ ਹੋਵੇਗਾ। ਮੈਂ ਆਪਣਾ ਨਾਮ ਬਦਲ ਕੇ ਨਵਾਂ ਨਾਮ ਰੱਖ ਲਿਆ ਹੈ। ਸਬੰਧਤ ਨੋਟ ਕਰਨ।

ਮੈਂ ਆਪਣੇ ਪੁੱਤਰ ਅਤੇ ਨੂੰਹ ਨੂੰ ਉਹਨਾਂ ਦੇ ਮਾੜੇ ਵਿਵਹਾਰ ਕਾਰਨ ਆਪਣੀ ਚੱਲ ਅਤੇ ਅਚੱਲ ਜਾਇਦਾਦ ਤੋਂ ਬੇਦਖਲ ਕਰਦਾ ਹਾਂ। ਇਹਨਾਂ ਨਾਲ ਲੈਣ ਦੇਣ ਕਰਨ ਵਾਲਾ ਖੁਦ ਜ਼ਿੰਮੇਵਾਰ ਹੋਵੇਗਾ। ਮੈਂ ਆਪਣਾ ਨਾਮ ਬਦਲ ਕੇ ਨਵਾਂ ਨਾਮ ਰੱਖ ਲਿਆ ਹੈ। ਸਬੰਧਤ ਨੋਟ ਕਰਨ।

ਮੈਂ ਆਪਣੇ ਪੁੱਤਰ ਅਤੇ ਨੂੰਹ ਨੂੰ ਉਹਨਾਂ ਦੇ ਮਾੜੇ ਵਿਵਹਾਰ ਕਾਰਨ ਆਪਣੀ ਚੱਲ ਅਤੇ ਅਚੱਲ ਜਾਇਦਾਦ ਤੋਂ ਬੇਦਖਲ ਕਰਦਾ ਹਾਂ। ਇਹਨਾਂ ਨਾਲ ਲੈਣ ਦੇਣ ਕਰਨ ਵਾਲਾ ਖੁਦ ਜ਼ਿੰਮੇਵਾਰ ਹੋਵੇਗਾ। ਮੈਂ ਆਪਣਾ ਨਾਮ ਬਦਲ ਕੇ ਨਵਾਂ ਨਾਮ ਰੱਖ ਲਿਆ ਹੈ। ਸਬੰਧਤ ਨੋਟ ਕਰਨ।

Public Notice

ਮੈਂ ਆਪਣੇ ਪੁੱਤਰ ਅਤੇ ਨੂੰਹ ਨੂੰ ਉਹਨਾਂ ਦੇ ਮਾੜੇ ਵਿਵਹਾਰ ਕਾਰਨ ਆਪਣੀ ਚੱਲ ਅਤੇ ਅਚੱਲ ਜਾਇਦਾਦ ਤੋਂ ਬੇਦਖਲ ਕਰਦਾ ਹਾਂ। ਇਹਨਾਂ ਨਾਲ ਲੈਣ ਦੇਣ ਕਰਨ ਵਾਲਾ ਖੁਦ ਜ਼ਿੰਮੇਵਾਰ ਹੋਵੇਗਾ। ਮੈਂ ਆਪਣਾ ਨਾਮ ਬਦਲ ਕੇ ਨਵਾਂ ਨਾਮ ਰੱਖ ਲਿਆ ਹੈ। ਸਬੰਧਤ ਨੋਟ ਕਰਨ।

ਮੈਂ ਆਪਣੇ ਪੁੱਤਰ ਅਤੇ ਨੂੰਹ ਨੂੰ ਉਹਨਾਂ ਦੇ ਮਾੜੇ ਵਿਵਹਾਰ ਕਾਰਨ ਆਪਣੀ ਚੱਲ ਅਤੇ ਅਚੱਲ ਜਾਇਦਾਦ ਤੋਂ ਬੇਦਖਲ ਕਰਦਾ ਹਾਂ। ਇਹਨਾਂ ਨਾਲ ਲੈਣ ਦੇਣ ਕਰਨ ਵਾਲਾ ਖੁਦ ਜ਼ਿੰਮੇਵਾਰ ਹੋਵੇਗਾ। ਮੈਂ ਆਪਣਾ ਨਾਮ ਬਦਲ ਕੇ ਨਵਾਂ ਨਾਮ ਰੱਖ ਲਿਆ ਹੈ। ਸਬੰਧਤ ਨੋਟ ਕਰਨ।

ਮੈਂ ਆਪਣੇ ਪੁੱਤਰ ਅਤੇ ਨੂੰਹ ਨੂੰ ਉਹਨਾਂ ਦੇ ਮਾੜੇ ਵਿਵਹਾਰ ਕਾਰਨ ਆਪਣੀ ਚੱਲ ਅਤੇ ਅਚੱਲ ਜਾਇਦਾਦ ਤੋਂ ਬੇਦਖਲ ਕਰਦਾ ਹਾਂ। ਇਹਨਾਂ ਨਾਲ ਲੈਣ ਦੇਣ ਕਰਨ ਵਾਲਾ ਖੁਦ ਜ਼ਿੰਮੇਵਾਰ ਹੋਵੇਗਾ। ਮੈਂ ਆਪਣਾ ਨਾਮ ਬਦਲ ਕੇ ਨਵਾਂ ਨਾਮ ਰੱਖ ਲਿਆ ਹੈ। ਸਬੰਧਤ ਨੋਟ ਕਰਨ।

ਮੈਂ ਆਪਣੇ ਪੁੱਤਰ ਅਤੇ ਨੂੰਹ ਨੂੰ ਉਹਨਾਂ ਦੇ ਮਾੜੇ ਵਿਵਹਾਰ ਕਾਰਨ ਆਪਣੀ ਚੱਲ ਅਤੇ ਅਚੱਲ ਜਾਇਦਾਦ ਤੋਂ ਬੇਦਖਲ ਕਰਦਾ ਹਾਂ। ਇਹਨਾਂ ਨਾਲ ਲੈਣ ਦੇਣ ਕਰਨ ਵਾਲਾ ਖੁਦ ਜ਼ਿੰਮੇਵਾਰ ਹੋਵੇਗਾ। ਮੈਂ ਆਪਣਾ ਨਾਮ ਬਦਲ ਕੇ ਨਵਾਂ ਨਾਮ ਰੱਖ ਲਿਆ ਹੈ। ਸਬੰਧਤ ਨੋਟ ਕਰਨ।

email: mcpattieo@yahoo.in
ਦਫਤਰ ਨਗਰ ਕੌਂਸਲ ਪੱਟੀ
OFFICE OF THE MUNICIPAL COUNCIL PATTI DISTT. TARN TARAN
ਪੱਤਰ ਨੰਬਰ 123	ਮਿਤੀ 26-12-2024
ਪਬਲਿਕ ਨੋਟਿਸ

ਮੈਂ ਆਪਣੇ ਪੁੱਤਰ ਅਤੇ ਨੂੰਹ ਨੂੰ ਉਹਨਾਂ ਦੇ ਮਾੜੇ ਵਿਵਹਾਰ ਕਾਰਨ ਆਪਣੀ ਚੱਲ ਅਤੇ ਅਚੱਲ ਜਾਇਦਾਦ ਤੋਂ ਬੇਦਖਲ ਕਰਦਾ ਹਾਂ। ਇਹਨਾਂ ਨਾਲ ਲੈਣ ਦੇਣ ਕਰਨ ਵਾਲਾ ਖੁਦ ਜ਼ਿੰਮੇਵਾਰ ਹੋਵੇਗਾ। ਮੈਂ ਆਪਣਾ ਨਾਮ ਬਦਲ ਕੇ ਨਵਾਂ ਨਾਮ ਰੱਖ ਲਿਆ ਹੈ। ਸਬੰਧਤ ਨੋਟ ਕਰਨ।

ਮੈਂ ਆਪਣੇ ਪੁੱਤਰ ਅਤੇ ਨੂੰਹ ਨੂੰ ਉਹਨਾਂ ਦੇ ਮਾੜੇ ਵਿਵਹਾਰ ਕਾਰਨ ਆਪਣੀ ਚੱਲ ਅਤੇ ਅਚੱਲ ਜਾਇਦਾਦ ਤੋਂ ਬੇਦਖਲ ਕਰਦਾ ਹਾਂ। ਇਹਨਾਂ ਨਾਲ ਲੈਣ ਦੇਣ ਕਰਨ ਵਾਲਾ ਖੁਦ ਜ਼ਿੰਮੇਵਾਰ ਹੋਵੇਗਾ। ਮੈਂ ਆਪਣਾ ਨਾਮ ਬਦਲ ਕੇ ਨਵਾਂ ਨਾਮ ਰੱਖ ਲਿਆ ਹੈ। ਸਬੰਧਤ ਨੋਟ ਕਰਨ।

ਮੈਂ ਆਪਣੇ ਪੁੱਤਰ ਅਤੇ ਨੂੰਹ ਨੂੰ ਉਹਨਾਂ ਦੇ ਮਾੜੇ ਵਿਵਹਾਰ ਕਾਰਨ ਆਪਣੀ ਚੱਲ ਅਤੇ ਅਚੱਲ ਜਾਇਦਾਦ ਤੋਂ ਬੇਦਖਲ ਕਰਦਾ ਹਾਂ। ਇਹਨਾਂ ਨਾਲ ਲੈਣ ਦੇਣ ਕਰਨ ਵਾਲਾ ਖੁਦ ਜ਼ਿੰਮੇਵਾਰ ਹੋਵੇਗਾ। ਮੈਂ ਆਪਣਾ ਨਾਮ ਬਦਲ ਕੇ ਨਵਾਂ ਨਾਮ ਰੱਖ ਲਿਆ ਹੈ। ਸਬੰਧਤ ਨੋਟ ਕਰਨ।

ਮੈਂ ਆਪਣੇ ਪੁੱਤਰ ਅਤੇ ਨੂੰਹ ਨੂੰ ਉਹਨਾਂ ਦੇ ਮਾੜੇ ਵਿਵਹਾਰ ਕਾਰਨ ਆਪਣੀ ਚੱਲ ਅਤੇ ਅਚੱਲ ਜਾਇਦਾਦ ਤੋਂ ਬੇਦਖਲ ਕਰਦਾ ਹਾਂ। ਇਹਨਾਂ ਨਾਲ ਲੈਣ ਦੇਣ ਕਰਨ ਵਾਲਾ ਖੁਦ ਜ਼ਿੰਮੇਵਾਰ ਹੋਵੇਗਾ। ਮੈਂ ਆਪਣਾ ਨਾਮ ਬਦਲ ਕੇ ਨਵਾਂ ਨਾਮ ਰੱਖ ਲਿਆ ਹੈ। ਸਬੰਧਤ ਨੋਟ ਕਰਨ।

ਕਾਰਜ ਸਾਧਕ ਅਫਸਰ, ਨਗਰ ਕੌਂਸਲ ਪੱਟੀ
email: mcpattieo@yahoo.in
ਦਫਤਰ ਨਗਰ ਕੌਂਸਲ ਪੱਟੀ
OFFICE OF THE MUNICIPAL COUNCIL PATTI DISTT. TARN TARAN
ਪੱਤਰ ਨੰਬਰ 124	ਮਿਤੀ 26-12-2024
ਪਬਲਿਕ ਨੋਟਿਸ

ਮੈਂ ਆਪਣੇ ਪੁੱਤਰ ਅਤੇ ਨੂੰਹ ਨੂੰ ਉਹਨਾਂ ਦੇ ਮਾੜੇ ਵਿਵਹਾਰ ਕਾਰਨ ਆਪਣੀ ਚੱਲ ਅਤੇ ਅਚੱਲ ਜਾਇਦਾਦ ਤੋਂ ਬੇਦਖਲ ਕਰਦਾ ਹਾਂ। ਇਹਨਾਂ ਨਾਲ ਲੈਣ ਦੇਣ ਕਰਨ ਵਾਲਾ ਖੁਦ ਜ਼ਿੰਮੇਵਾਰ ਹੋਵੇਗਾ। ਮੈਂ ਆਪਣਾ ਨਾਮ ਬਦਲ ਕੇ ਨਵਾਂ ਨਾਮ ਰੱਖ ਲਿਆ ਹੈ। ਸਬੰਧਤ ਨੋਟ ਕਰਨ।

ਮੈਂ ਆਪਣੇ ਪੁੱਤਰ ਅਤੇ ਨੂੰਹ ਨੂੰ ਉਹਨਾਂ ਦੇ ਮਾੜੇ ਵਿਵਹਾਰ ਕਾਰਨ ਆਪਣੀ ਚੱਲ ਅਤੇ ਅਚੱਲ ਜਾਇਦਾਦ ਤੋਂ ਬੇਦਖਲ ਕਰਦਾ ਹਾਂ। ਇਹਨਾਂ ਨਾਲ ਲੈਣ ਦੇਣ ਕਰਨ ਵਾਲਾ ਖੁਦ ਜ਼ਿੰਮੇਵਾਰ ਹੋਵੇਗਾ। ਮੈਂ ਆਪਣਾ ਨਾਮ ਬਦਲ ਕੇ ਨਵਾਂ ਨਾਮ ਰੱਖ ਲਿਆ ਹੈ। ਸਬੰਧਤ ਨੋਟ ਕਰਨ।

ਮੈਂ ਆਪਣੇ ਪੁੱਤਰ ਅਤੇ ਨੂੰਹ ਨੂੰ ਉਹਨਾਂ ਦੇ ਮਾੜੇ ਵਿਵਹਾਰ ਕਾਰਨ ਆਪਣੀ ਚੱਲ ਅਤੇ ਅਚੱਲ ਜਾਇਦਾਦ ਤੋਂ ਬੇਦਖਲ ਕਰਦਾ ਹਾਂ। ਇਹਨਾਂ ਨਾਲ ਲੈਣ ਦੇਣ ਕਰਨ ਵਾਲਾ ਖੁਦ ਜ਼ਿੰਮੇਵਾਰ ਹੋਵੇਗਾ। ਮੈਂ ਆਪਣਾ ਨਾਮ ਬਦਲ ਕੇ ਨਵਾਂ ਨਾਮ ਰੱਖ ਲਿਆ ਹੈ। ਸਬੰਧਤ ਨੋਟ ਕਰਨ।

ਮੈਂ ਆਪਣੇ ਪੁੱਤਰ ਅਤੇ ਨੂੰਹ ਨੂੰ ਉਹਨਾਂ ਦੇ ਮਾੜੇ ਵਿਵਹਾਰ ਕਾਰਨ ਆਪਣੀ ਚੱਲ ਅਤੇ ਅਚੱਲ ਜਾਇਦਾਦ ਤੋਂ ਬੇਦਖਲ ਕਰਦਾ ਹਾਂ। ਇਹਨਾਂ ਨਾਲ ਲੈਣ ਦੇਣ ਕਰਨ ਵਾਲਾ ਖੁਦ ਜ਼ਿੰਮੇਵਾਰ ਹੋਵੇਗਾ। ਮੈਂ ਆਪਣਾ ਨਾਮ ਬਦਲ ਕੇ ਨਵਾਂ ਨਾਮ ਰੱਖ ਲਿਆ ਹੈ। ਸਬੰਧਤ ਨੋਟ ਕਰਨ।

ਕਾਰਜ ਸਾਧਕ ਅਫਸਰ, ਨਗਰ ਕੌਂਸਲ ਪੱਟੀ
Public Notice

ਮੈਂ ਆਪਣੇ ਪੁੱਤਰ ਅਤੇ ਨੂੰਹ ਨੂੰ ਉਹਨਾਂ ਦੇ ਮਾੜੇ ਵਿਵਹਾਰ ਕਾਰਨ ਆਪਣੀ ਚੱਲ ਅਤੇ ਅਚੱਲ ਜਾਇਦਾਦ ਤੋਂ ਬੇਦਖਲ ਕਰਦਾ ਹਾਂ। ਇਹਨਾਂ ਨਾਲ ਲੈਣ ਦੇਣ ਕਰਨ ਵਾਲਾ ਖੁਦ ਜ਼ਿੰਮੇਵਾਰ ਹੋਵੇਗਾ। ਮੈਂ ਆਪਣਾ ਨਾਮ ਬਦਲ ਕੇ ਨਵਾਂ ਨਾਮ ਰੱਖ ਲਿਆ ਹੈ। ਸਬੰਧਤ ਨੋਟ ਕਰਨ।

ਮੈਂ ਆਪਣੇ ਪੁੱਤਰ ਅਤੇ ਨੂੰਹ ਨੂੰ ਉਹਨਾਂ ਦੇ ਮਾੜੇ ਵਿਵਹਾਰ ਕਾਰਨ ਆਪਣੀ ਚੱਲ ਅਤੇ ਅਚੱਲ ਜਾਇਦਾਦ ਤੋਂ ਬੇਦਖਲ ਕਰਦਾ ਹਾਂ। ਇਹਨਾਂ ਨਾਲ ਲੈਣ ਦੇਣ ਕਰਨ ਵਾਲਾ ਖੁਦ ਜ਼ਿੰਮੇਵਾਰ ਹੋਵੇਗਾ। ਮੈਂ ਆਪਣਾ ਨਾਮ ਬਦਲ ਕੇ ਨਵਾਂ ਨਾਮ ਰੱਖ ਲਿਆ ਹੈ। ਸਬੰਧਤ ਨੋਟ ਕਰਨ।

ਮੈਂ ਆਪਣੇ ਪੁੱਤਰ ਅਤੇ ਨੂੰਹ ਨੂੰ ਉਹਨਾਂ ਦੇ ਮਾੜੇ ਵਿਵਹਾਰ ਕਾਰਨ ਆਪਣੀ ਚੱਲ ਅਤੇ ਅਚੱਲ ਜਾਇਦਾਦ ਤੋਂ ਬੇਦਖਲ ਕਰਦਾ ਹਾਂ। ਇਹਨਾਂ ਨਾਲ ਲੈਣ ਦੇਣ ਕਰਨ ਵਾਲਾ ਖੁਦ ਜ਼ਿੰਮੇਵਾਰ ਹੋਵੇਗਾ। ਮੈਂ ਆਪਣਾ ਨਾਮ ਬਦਲ ਕੇ ਨਵਾਂ ਨਾਮ ਰੱਖ ਲਿਆ ਹੈ। ਸਬੰਧਤ ਨੋਟ ਕਰਨ।

ਮੈਂ ਆਪਣੇ ਪੁੱਤਰ ਅਤੇ ਨੂੰਹ ਨੂੰ ਉਹਨਾਂ ਦੇ ਮਾੜੇ ਵਿਵਹਾਰ ਕਾਰਨ ਆਪਣੀ ਚੱਲ ਅਤੇ ਅਚੱਲ ਜਾਇਦਾਦ ਤੋਂ ਬੇਦਖਲ ਕਰਦਾ ਹਾਂ। ਇਹਨਾਂ ਨਾਲ ਲੈਣ ਦੇਣ ਕਰਨ ਵਾਲਾ ਖੁਦ ਜ਼ਿੰਮੇਵਾਰ ਹੋਵੇਗਾ। ਮੈਂ ਆਪਣਾ ਨਾਮ ਬਦਲ ਕੇ ਨਵਾਂ ਨਾਮ ਰੱਖ ਲਿਆ ਹੈ। ਸਬੰਧਤ ਨੋਟ ਕਰਨ।

ਇਸ਼ਤਿਹਾਰਾਂ ਸਬੰਧੀ ਜ਼ਰੂਰੀ ਬੇਨਤੀ

ਮੈਂ ਆਪਣੇ ਪੁੱਤਰ ਅਤੇ ਨੂੰਹ ਨੂੰ ਉਹਨਾਂ ਦੇ ਮਾੜੇ ਵਿਵਹਾਰ ਕਾਰਨ ਆਪਣੀ ਚੱਲ ਅਤੇ ਅਚੱਲ ਜਾਇਦਾਦ ਤੋਂ ਬੇਦਖਲ ਕਰਦਾ ਹਾਂ। ਇਹਨਾਂ ਨਾਲ ਲੈਣ ਦੇਣ ਕਰਨ ਵਾਲਾ ਖੁਦ ਜ਼ਿੰਮੇਵਾਰ ਹੋਵੇਗਾ। ਮੈਂ ਆਪਣਾ ਨਾਮ ਬਦਲ ਕੇ ਨਵਾਂ ਨਾਮ ਰੱਖ ਲਿਆ ਹੈ। ਸਬੰਧਤ ਨੋਟ ਕਰਨ।

ਗੁਰੂ ਦੇ ਸਾਹਿਬਜ਼ਾਦਿਆਂ ਦਾ ਤਖ਼ੱਲਸ ਪੰਥ
ਤੈਅ ਕਰ ਸਕਦਾ ਹੈ ਸਰਕਾਰਾਂ ਨਹੀਂ....

ਮੈਂ ਆਪਣੇ ਪੁੱਤਰ ਅਤੇ ਨੂੰਹ ਨੂੰ ਉਹਨਾਂ ਦੇ ਮਾੜੇ ਵਿਵਹਾਰ ਕਾਰਨ ਆਪਣੀ ਚੱਲ ਅਤੇ ਅਚੱਲ ਜਾਇਦਾਦ ਤੋਂ ਬੇਦਖਲ ਕਰਦਾ ਹਾਂ। ਇਹਨਾਂ ਨਾਲ ਲੈਣ ਦੇਣ ਕਰਨ ਵਾਲਾ ਖੁਦ ਜ਼ਿੰਮੇਵਾਰ ਹੋਵੇਗਾ। ਮੈਂ ਆਪਣਾ ਨਾਮ ਬਦਲ ਕੇ ਨਵਾਂ ਨਾਮ ਰੱਖ ਲਿਆ ਹੈ। ਸਬੰਧਤ ਨੋਟ ਕਰਨ।

ਮੈਂ ਆਪਣੇ ਪੁੱਤਰ ਅਤੇ ਨੂੰਹ ਨੂੰ ਉਹਨਾਂ ਦੇ ਮਾੜੇ ਵਿਵਹਾਰ ਕਾਰਨ ਆਪਣੀ ਚੱਲ ਅਤੇ ਅਚੱਲ ਜਾਇਦਾਦ ਤੋਂ ਬੇਦਖਲ ਕਰਦਾ ਹਾਂ। ਇਹਨਾਂ ਨਾਲ ਲੈਣ ਦੇਣ ਕਰਨ ਵਾਲਾ ਖੁਦ ਜ਼ਿੰਮੇਵਾਰ ਹੋਵੇਗਾ। ਮੈਂ ਆਪਣਾ ਨਾਮ ਬਦਲ ਕੇ ਨਵਾਂ ਨਾਮ ਰੱਖ ਲਿਆ ਹੈ। ਸਬੰਧਤ ਨੋਟ ਕਰਨ।

ਮੈਂ ਆਪਣੇ ਪੁੱਤਰ ਅਤੇ ਨੂੰਹ ਨੂੰ ਉਹਨਾਂ ਦੇ ਮਾੜੇ ਵਿਵਹਾਰ ਕਾਰਨ ਆਪਣੀ ਚੱਲ ਅਤੇ ਅਚੱਲ ਜਾਇਦਾਦ ਤੋਂ ਬੇਦਖਲ ਕਰਦਾ ਹਾਂ। ਇਹਨਾਂ ਨਾਲ ਲੈਣ ਦੇਣ ਕਰਨ ਵਾਲਾ ਖੁਦ ਜ਼ਿੰਮੇਵਾਰ ਹੋਵੇਗਾ। ਮੈਂ ਆਪਣਾ ਨਾਮ ਬਦਲ ਕੇ ਨਵਾਂ ਨਾਮ ਰੱਖ ਲਿਆ ਹੈ। ਸਬੰਧਤ ਨੋਟ ਕਰਨ।

ਮੈਂ ਆਪਣੇ ਪੁੱਤਰ ਅਤੇ ਨੂੰਹ ਨੂੰ ਉਹਨਾਂ ਦੇ ਮਾੜੇ ਵਿਵਹਾਰ ਕਾਰਨ ਆਪਣੀ ਚੱਲ ਅਤੇ ਅਚੱਲ ਜਾਇਦਾਦ ਤੋਂ ਬੇਦਖਲ ਕਰਦਾ ਹਾਂ। ਇਹਨਾਂ ਨਾਲ ਲੈਣ ਦੇਣ ਕਰਨ ਵਾਲਾ ਖੁਦ ਜ਼ਿੰਮੇਵਾਰ ਹੋਵੇਗਾ। ਮੈਂ ਆਪਣਾ ਨਾਮ ਬਦਲ ਕੇ ਨਵਾਂ ਨਾਮ ਰੱਖ ਲਿਆ ਹੈ। ਸਬੰਧਤ ਨੋਟ ਕਰਨ।

ਮੈਂ ਆਪਣੇ ਪੁੱਤਰ ਅਤੇ ਨੂੰਹ ਨੂੰ ਉਹਨਾਂ ਦੇ ਮਾੜੇ ਵਿਵਹਾਰ ਕਾਰਨ ਆਪਣੀ ਚੱਲ ਅਤੇ ਅਚੱਲ ਜਾਇਦਾਦ ਤੋਂ ਬੇਦਖਲ ਕਰਦਾ ਹਾਂ। ਇਹਨਾਂ ਨਾਲ ਲੈਣ ਦੇਣ ਕਰਨ ਵਾਲਾ ਖੁਦ ਜ਼ਿੰਮੇਵਾਰ ਹੋਵੇਗਾ। ਮੈਂ ਆਪਣਾ ਨਾਮ ਬਦਲ ਕੇ ਨਵਾਂ ਨਾਮ ਰੱਖ ਲਿਆ ਹੈ। ਸਬੰਧਤ ਨੋਟ ਕਰਨ।

ਮੈਂ ਆਪਣੇ ਪੁੱਤਰ ਅਤੇ ਨੂੰਹ ਨੂੰ ਉਹਨਾਂ ਦੇ ਮਾੜੇ ਵਿਵਹਾਰ ਕਾਰਨ ਆਪਣੀ ਚੱਲ ਅਤੇ ਅਚੱਲ ਜਾਇਦਾਦ ਤੋਂ ਬੇਦਖਲ ਕਰਦਾ ਹਾਂ। ਇਹਨਾਂ ਨਾਲ ਲੈਣ ਦੇਣ ਕਰਨ ਵਾਲਾ ਖੁਦ ਜ਼ਿੰਮੇਵਾਰ ਹੋਵੇਗਾ। ਮੈਂ ਆਪਣਾ ਨਾਮ ਬਦਲ ਕੇ ਨਵਾਂ ਨਾਮ ਰੱਖ ਲਿਆ ਹੈ। ਸਬੰਧਤ ਨੋਟ ਕਰਨ।

ਮੈਂ ਆਪਣੇ ਪੁੱਤਰ ਅਤੇ ਨੂੰਹ ਨੂੰ ਉਹਨਾਂ ਦੇ ਮਾੜੇ ਵਿਵਹਾਰ ਕਾਰਨ ਆਪਣੀ ਚੱਲ ਅਤੇ ਅਚੱਲ ਜਾਇਦਾਦ ਤੋਂ ਬੇਦਖਲ ਕਰਦਾ ਹਾਂ। ਇਹਨਾਂ ਨਾਲ ਲੈਣ ਦੇਣ ਕਰਨ ਵਾਲਾ ਖੁਦ ਜ਼ਿੰਮੇਵਾਰ ਹੋਵੇਗਾ। ਮੈਂ ਆਪਣਾ ਨਾਮ ਬਦਲ ਕੇ ਨਵਾਂ ਨਾਮ ਰੱਖ ਲਿਆ ਹੈ। ਸਬੰਧਤ ਨੋਟ ਕਰਨ।

ਮੈਂ ਆਪਣੇ ਪੁੱਤਰ ਅਤੇ ਨੂੰਹ ਨੂੰ ਉਹਨਾਂ ਦੇ ਮਾੜੇ ਵਿਵਹਾਰ ਕਾਰਨ ਆਪਣੀ ਚੱਲ ਅਤੇ ਅਚੱਲ ਜਾਇਦਾਦ ਤੋਂ ਬੇਦਖਲ ਕਰਦਾ ਹਾਂ। ਇਹਨਾਂ ਨਾਲ ਲੈਣ ਦੇਣ ਕਰਨ ਵਾਲਾ ਖੁਦ ਜ਼ਿੰਮੇਵਾਰ ਹੋਵੇਗਾ। ਮੈਂ ਆਪਣਾ ਨਾਮ ਬਦਲ ਕੇ ਨਵਾਂ ਨਾਮ ਰੱਖ ਲਿਆ ਹੈ। ਸਬੰਧਤ ਨੋਟ ਕਰਨ।

ਮੈਂ ਆਪਣੇ ਪੁੱਤਰ ਅਤੇ ਨੂੰਹ ਨੂੰ ਉਹਨਾਂ ਦੇ ਮਾੜੇ ਵਿਵਹਾਰ ਕਾਰਨ ਆਪਣੀ ਚੱਲ ਅਤੇ ਅਚੱਲ ਜਾਇਦਾਦ ਤੋਂ ਬੇਦਖਲ ਕਰਦਾ ਹਾਂ। ਇਹਨਾਂ ਨਾਲ ਲੈਣ ਦੇਣ ਕਰਨ ਵਾਲਾ ਖੁਦ ਜ਼ਿੰਮੇਵਾਰ ਹੋਵੇਗਾ। ਮੈਂ ਆਪਣਾ ਨਾਮ ਬਦਲ ਕੇ ਨਵਾਂ ਨਾਮ ਰੱਖ ਲਿਆ ਹੈ। ਸਬੰਧਤ ਨੋਟ ਕਰਨ।

ਮੈਂ ਆਪਣੇ ਪੁੱਤਰ ਅਤੇ ਨੂੰਹ ਨੂੰ ਉਹਨਾਂ ਦੇ ਮਾੜੇ ਵਿਵਹਾਰ ਕਾਰਨ ਆਪਣੀ ਚੱਲ ਅਤੇ ਅਚੱਲ ਜਾਇਦਾਦ ਤੋਂ ਬੇਦਖਲ ਕਰਦਾ ਹਾਂ। ਇਹਨਾਂ ਨਾਲ ਲੈਣ ਦੇਣ ਕਰਨ ਵਾਲਾ ਖੁਦ ਜ਼ਿੰਮੇਵਾਰ ਹੋਵੇਗਾ। ਮੈਂ ਆਪਣਾ ਨਾਮ ਬਦਲ ਕੇ ਨਵਾਂ ਨਾਮ ਰੱਖ ਲਿਆ ਹੈ। ਸਬੰਧਤ ਨੋਟ ਕਰਨ।

ਮੈਂ ਆਪਣੇ ਪੁੱਤਰ ਅਤੇ ਨੂੰਹ ਨੂੰ ਉਹਨਾਂ ਦੇ ਮਾੜੇ ਵਿਵਹਾਰ ਕਾਰਨ ਆਪਣੀ ਚੱਲ ਅਤੇ ਅਚੱਲ ਜਾਇਦਾਦ ਤੋਂ ਬੇਦਖਲ ਕਰਦਾ ਹਾਂ। ਇਹਨਾਂ ਨਾਲ ਲੈਣ ਦੇਣ ਕਰਨ ਵਾਲਾ ਖੁਦ ਜ਼ਿੰਮੇਵਾਰ ਹੋਵੇਗਾ। ਮੈਂ ਆਪਣਾ ਨਾਮ ਬਦਲ ਕੇ ਨਵਾਂ ਨਾਮ ਰੱਖ ਲਿਆ ਹੈ। ਸਬੰਧਤ ਨੋਟ ਕਰਨ।

ਮੈਂ ਆਪਣੇ ਪੁੱਤਰ ਅਤੇ ਨੂੰਹ ਨੂੰ ਉਹਨਾਂ ਦੇ ਮਾੜੇ ਵਿਵਹਾਰ ਕਾਰਨ ਆਪਣੀ ਚੱਲ ਅਤੇ ਅਚੱਲ ਜਾਇਦਾਦ ਤੋਂ ਬੇਦਖਲ ਕਰਦਾ ਹਾਂ। ਇਹਨਾਂ ਨਾਲ ਲੈਣ ਦੇਣ ਕਰਨ ਵਾਲਾ ਖੁਦ ਜ਼ਿੰਮੇਵਾਰ ਹੋਵੇਗਾ। ਮੈਂ ਆਪਣਾ ਨਾਮ ਬਦਲ ਕੇ ਨਵਾਂ ਨਾਮ ਰੱਖ ਲਿਆ ਹੈ। ਸਬੰਧਤ ਨੋਟ ਕਰਨ।

ਮੈਂ ਆਪਣੇ ਪੁੱਤਰ ਅਤੇ ਨੂੰਹ ਨੂੰ ਉਹਨਾਂ ਦੇ ਮਾੜੇ ਵਿਵਹਾਰ ਕਾਰਨ ਆਪਣੀ ਚੱਲ ਅਤੇ ਅਚੱਲ ਜਾਇਦਾਦ ਤੋਂ ਬੇਦਖਲ ਕਰਦਾ ਹਾਂ। ਇਹਨਾਂ ਨਾਲ ਲੈਣ ਦੇਣ ਕਰਨ ਵਾਲਾ ਖੁਦ ਜ਼ਿੰਮੇਵਾਰ ਹੋਵੇਗਾ। ਮੈਂ ਆਪਣਾ ਨਾਮ ਬਦਲ ਕੇ ਨਵਾਂ ਨਾਮ ਰੱਖ ਲਿਆ ਹੈ। ਸਬੰਧਤ ਨੋਟ ਕਰਨ।

ਮੈਂ ਆਪਣੇ ਪੁੱਤਰ ਅਤੇ ਨੂੰਹ ਨੂੰ ਉਹਨਾਂ ਦੇ ਮਾੜੇ ਵਿਵਹਾਰ ਕਾਰਨ ਆਪਣੀ ਚੱਲ ਅਤੇ ਅਚੱਲ ਜਾਇਦਾਦ ਤੋਂ ਬੇਦਖਲ ਕਰਦਾ ਹਾਂ। ਇਹਨਾਂ ਨਾਲ ਲੈਣ ਦੇਣ ਕਰਨ ਵਾਲਾ ਖੁਦ ਜ਼ਿੰਮੇਵਾਰ ਹੋਵੇਗਾ। ਮੈਂ ਆਪਣਾ ਨਾਮ ਬਦਲ ਕੇ ਨਵਾਂ ਨਾਮ ਰੱਖ ਲਿਆ ਹੈ। ਸਬੰਧਤ ਨੋਟ ਕਰਨ।

ਮੈਂ ਆਪਣੇ ਪੁੱਤਰ ਅਤੇ ਨੂੰਹ ਨੂੰ ਉਹਨਾਂ ਦੇ ਮਾੜੇ ਵਿਵਹਾਰ ਕਾਰਨ ਆਪਣੀ ਚੱਲ ਅਤੇ ਅਚੱਲ ਜਾਇਦਾਦ ਤੋਂ ਬੇਦਖਲ ਕਰਦਾ ਹਾਂ। ਇਹਨਾਂ ਨਾਲ ਲੈਣ ਦੇਣ ਕਰਨ ਵਾਲਾ ਖੁਦ ਜ਼ਿੰਮੇਵਾਰ ਹੋਵੇਗਾ। ਮੈਂ ਆਪਣਾ ਨਾਮ ਬਦਲ ਕੇ ਨਵਾਂ ਨਾਮ ਰੱਖ ਲਿਆ ਹੈ। ਸਬੰਧਤ ਨੋਟ ਕਰਨ।

ਮੈਂ ਆਪਣੇ ਪੁੱਤਰ ਅਤੇ ਨੂੰਹ ਨੂੰ ਉਹਨਾਂ ਦੇ ਮਾੜੇ ਵਿਵਹਾਰ ਕਾਰਨ ਆਪਣੀ ਚੱਲ ਅਤੇ ਅਚੱਲ ਜਾਇਦਾਦ ਤੋਂ ਬੇਦਖਲ ਕਰਦਾ ਹਾਂ। ਇਹਨਾਂ ਨਾਲ ਲੈਣ ਦੇਣ ਕਰਨ ਵਾਲਾ ਖੁਦ ਜ਼ਿੰਮੇਵਾਰ ਹੋਵੇਗਾ। ਮੈਂ ਆਪਣਾ ਨਾਮ ਬਦਲ ਕੇ ਨਵਾਂ ਨਾਮ ਰੱਖ ਲਿਆ ਹੈ। ਸਬੰਧਤ ਨੋਟ ਕਰਨ।

ਪਰਮਜੀਤ ਸਿੰਘ ਵਿਨੋਦ, ਸੰਪਰਕ: 98152 67963

ਇਸ਼ਤਿਹਾਰ ਅਤੇ ਕਲਾਸੀਫਾਈਡ ਕੇਵਲ ਅਦਾਰਾ 'ਪਹਿਰੇਦਾਰ' ਦੀ ਈ-ਮੇਲ	rozanapehredaradvt@gmail.com	'ਤੇ ਹੀ ਭੇਜੇ ਜਾਣ।
